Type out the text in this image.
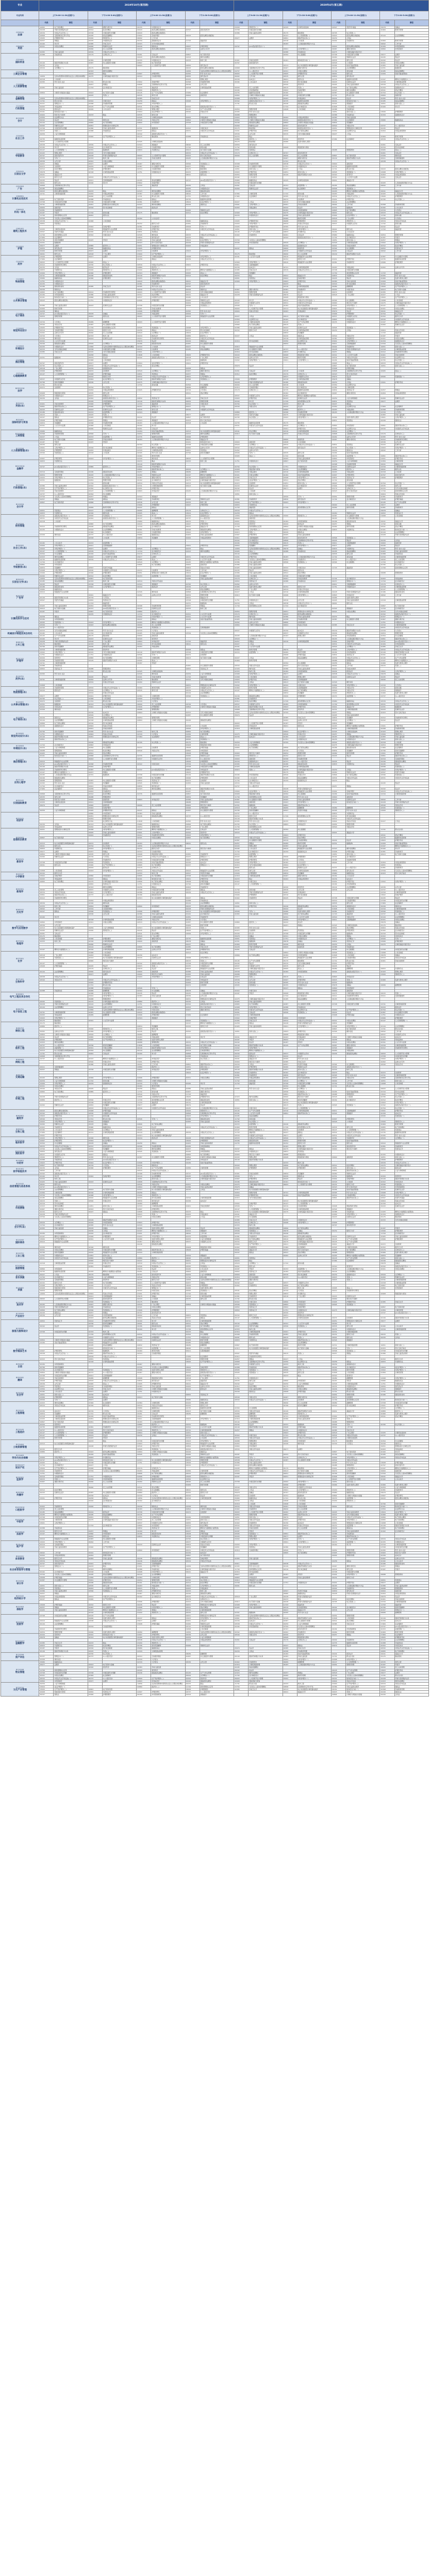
专业	2019年10月(第四期)								2020年4月(第五期)							
专业代码	上午9:00-11:30(星期六)		下午2:30-5:00(星期六)		上午9:00-11:30(星期日)		下午2:30-5:00(星期日)		上午9:00-11:30(星期六)		下午2:30-5:00(星期六)		上午9:00-11:30(星期日)		下午2:30-5:00(星期日)	
	代码	课程	代码	课程	代码	课程	代码	课程	代码	课程	代码	课程	代码	课程	代码	课程

C030101
法律	00895	电子商务概论	00467	课程与教学论	00155	中级财务会计			03200	预防医学(二)	02325	计算机系统结构	00597	英语写作基础	05678	金融法
	00228	环境与资源保护法学	00312	政治学概论	00043	经济法概论(财经类)	00797	商务英语写作	03708	中国近现代史纲要					00469	教育学原理
	00539	中国古代文学史(二)	03708	中国近现代史纲要	00043	经济法概论(财经类)			00386	学前儿童语言教育	05175	税收筹划	00795	综合英语(二)		
	00898	互联网软件应用与开发	00185	商品流通概论	03002	急救护理学	00043	经济法概论(财经类)			00147	人力资源管理(一)	00043	经济法概论(财经类)	00144	企业管理概论
	03005	护理教育导论	03200	预防医学(二)	06092	工作分析			05677	法理学	00891	国际贸易实务(三)	00230	合同法		
	00257	票据法	00155	中级财务会计	00159	高级财务会计	11743	基础英语			00318	公共政策	00402	学前教育史	00469	教育学原理

C050201
英语	00160	审计学	00385	学前卫生学	00315	当代中国政治制度					06183	人员素质测评理论与方法			06092	工作分析
	00321	中国文化概论	00260	刑事诉讼法学	00249	国际私法	02997	护理学研究	04747	Java语言程序设计(一)			00043	经济法概论(财经类)	00184	市场营销策划
			06090	员工关系管理	00043	经济法概论(财经类)	00262	法律文书写作			03001	儿科护理学(二)	00467	课程与教学论	00890	市场营销学
	00383	学前儿童发展	00539	中国古代文学史(二)							00388	学前游戏论	02275	计算机基础与程序设计		

C020401
国际贸易	00388	学前游戏论	03179	生物化学(三)	00261	行政法学	00897	电子商务英语			00394	幼儿园课程	03708	中国近现代史纲要	05677	法理学
					00043	经济法概论(财经类)	02323	操作系统概论					00260	刑事诉讼法学	00245	刑法学
			02384	计算机原理	00155	中级财务会计	02333	软件工程	00401	学前比较教育	00161	财务报表分析(一)	00535	现代汉语	00242	民法学
	00149	国际贸易理论与实务	00387	幼儿园组织与管理	00897	电子商务英语			00797	商务英语写作			00318	公共政策	00321	中国文化概论
	00230	合同法			06093	人力资源开发与管理	00830	现代语言学			02313	电力系统微型计算机继电保护	04184	线性代数(经管类)	00383	学前儿童发展
	00529	文学概论(一)	05175	税收筹划			00043	经济法概论(财经类)	00898	互联网软件应用与开发	00467	课程与教学论	00144	企业管理概论	02331	数据结构

C120201
工商企业管理			02323	操作系统概论			12656	毛泽东思想和中国特色社会主义理论体系概论	04737	C++程序设计	00321	中国文化概论	11742	商务沟通	00185	商品流通概论
			00233	税法	02997	护理学研究	00395	科学·技术·社会	06093	人力资源开发与管理	03005	护理教育导论	06091	组织文化	04184	线性代数(经管类)
	12656	毛泽东思想和中国特色社会主义理论体系概论	02275	计算机基础与程序设计	00319	行政组织理论	00830	现代语言学	06092	工作分析	00535	现代汉语	00830	现代语言学		

C120206
人力资源管理	00318	公共政策					00163	管理心理学	00156	成本会计	06091	组织文化	04735	数据库系统原理	02197	概率论与数理统计(二)
	00395	科学·技术·社会	11741	跨文化交际	03002	急救护理学	00398	学前教育原理	00182	公共关系学	00316	西方政治制度	00243	民事诉讼法学	02318	计算机组成原理
			00257	票据法	00898	互联网软件应用与开发	00536	古代汉语			00320	领导科学	00405	学前儿童家庭教育	00539	中国古代文学史(二)
	00383	学前儿童发展	11744	会计制度设计	11743	基础英语	02318	计算机组成原理	06090	员工关系管理	00015	英语(二)	00896	电子商务法概论	00159	高级财务会计
					03200	预防医学(二)			00184	市场营销策划	03002	急救护理学	02323	操作系统概论	00541	语言学概论
	00894	计算机与网络技术基础	00913	电子商务与金融	00145	生产与作业管理	07484	社会保障学	04735	数据库系统原理	00160	审计学	00387	幼儿园组织与管理	00794	综合英语(一)

B020106
金融管理			00015	英语(二)	00535	现代汉语	00600	高级英语	00894	计算机与网络技术基础	03708	中国近现代史纲要	11741	跨文化交际	00600	高级英语
	12656	毛泽东思想和中国特色社会主义理论体系概论			00385	学前卫生学			02998	内科护理学(二)	00263	外国法制史	00242	民法学	00395	科学·技术·社会
	11741	跨文化交际	00322	中国行政史	00258	保险法	02998	内科护理学(二)	00342	高级语言程序设计(一)	04735	数据库系统原理	00161	财务报表分析(一)	00185	商品流通概论

C120207
行政管理	00157	管理会计(一)	00398	学前教育原理	02999	外科护理学(二)			11741	跨文化交际	00246	国际经济法概论	02324	离散数学	10051	商务交流(二)
	00263	外国法制史	00145	生产与作业管理	00541	语言学概论	00342	高级语言程序设计(一)			11744	会计制度设计	01848	公务员制度	00160	审计学
	00244	经济法学	00182	公共关系学	00163	管理心理学	00145	生产与作业管理	00054	管理学原理	01848	公务员制度	00388	学前游戏论		
	00161	财务报表分析(一)			03004	社区护理学(一)	00540	外国文学史	00395	科学·技术·社会			10051	商务交流(二)	03006	护理管理学

B120203
会计	00900	网页设计与制作	00233	税法	00535	现代汉语			06088	管理思想史			00388	学前游戏论	00159	高级财务会计
	03350	社会研究方法			02325	计算机系统结构	00263	外国法制史	03003	护理学导论	00264	中国法律思想史	00383	学前儿童发展		
	00242	民法学	06091	组织文化	00540	外国文学史	00894	计算机与网络技术基础	00894	计算机与网络技术基础	00342	高级语言程序设计(一)	07484	社会保障学	05680	婚姻家庭法
	00144	企业管理概论	00895	电子商务概论	00890	市场营销学	03708	中国近现代史纲要	00246	国际经济法概论	00894	计算机与网络技术基础	00834	英语翻译		
	00260	刑事诉讼法学	00051	管理系统中计算机应用					00260	刑事诉讼法学	00797	商务英语写作	00540	外国文学史	04737	C++程序设计

C030301
社会工作	03708	中国近现代史纲要	00386	学前儿童语言教育	02331	数据结构	00322	中国行政史	05175	税收筹划	00342	高级语言程序设计(一)	00051	管理系统中计算机应用	00245	刑法学
	00015	英语(二)	00388	学前游戏论	00247	国际法	00531	中国当代文学作品选	03201	护理学导论	00896	电子商务法概论	03350	社会研究方法	00264	中国法律思想史
	00259	公证与律师制度			00342	高级语言程序设计(一)			00536	古代汉语	00315	当代中国政治制度	00227	公司法		
			03000	妇产科护理学(二)	05175	税收筹划	00388	学前游戏论	00233	税法					00469	教育学原理
	04735	数据库系统原理							00889	经济学(二)	00320	领导科学	07484	社会保障学	00539	中国古代文学史(二)
	06093	人力资源开发与管理			02325	计算机系统结构			05175	税收筹划	00466	发展与教育心理学				
	00538	中国古代文学史(一)	00539	中国古代文学史(二)	02324	离散数学	06090	员工关系管理	00830	现代语言学					00261	行政法学
	00160	审计学	00162	会计制度设计	00319	行政组织理论	11742	商务沟通	11742	商务沟通	00908	网络营销与策划			00316	西方政治制度

C040104
学前教育	00147	人力资源管理(一)	02331	数据结构	00833	外语教学法	00913	电子商务与金融	00831	英语语法			06088	管理思想史	00995	商法(二)
	00163	管理心理学	00315	当代中国政治制度			00532	中国古代文学作品选(一)	03179	生物化学(三)	00797	商务英语写作			00261	行政法学
	00797	商务英语写作	00228	环境与资源保护法学	06093	人力资源开发与管理	00323	西方行政学说史	06090	员工关系管理	06090	员工关系管理	00897	电子商务英语	02326	操作系统
	00506	写作(一)	02333	软件工程	00401	学前比较教育	06183	人员素质测评理论与方法			00467	课程与教学论	00149	国际贸易理论与实务	00911	互联网数据库
	00536	古代汉语	00321	中国文化概论							11741	跨文化交际			00538	中国古代文学史(一)

C050101
汉语言文学	00257	票据法	05677	法理学	00467	课程与教学论	00596	英语阅读(二)	00398	学前教育原理	00538	中国古代文学史(一)	00600	高级英语		
	00472	比较教育	00259	公证与律师制度	00387	幼儿园组织与管理	00257	票据法	00387	幼儿园组织与管理	11751	中级财务会计	04735	数据库系统原理		
	00312	政治学概论	02996	护理伦理学	00319	行政组织理论	05175	税收筹划	10051	商务交流(二)	00227	公司法	11741	跨文化交际	00043	经济法概论(财经类)
	05678	金融法	02318	计算机组成原理	11751	中级财务会计	00153	质量管理(一)	03003	护理学导论	10051	商务交流(二)	00595	英语阅读(一)	02998	内科护理学(二)
	00041	基础会计学					06091	组织文化	00054	管理学原理	00149	国际贸易理论与实务	00320	领导科学	00264	中国法律思想史
	00152	组织行为学	00533	中国古代文学作品选(二)					00182	公共关系学			00341	公文写作与处理	00261	行政法学
	00245	刑法学	00911	互联网数据库	00185	商品流通概论	04747	Java语言程序设计(一)	05680	婚姻家庭法	02325	计算机系统结构	00041	基础会计学		
	06091	组织文化	00160	审计学	03002	急救护理学			03708	中国近现代史纲要					06183	人员素质测评理论与方法

C050303
广告	00898	互联网软件应用与开发			11743	基础英语	00230	合同法	00261	行政法学	00153	质量管理(一)	00185	商品流通概论	06092	工作分析
	00185	商品流通概论					00155	中级财务会计	00260	刑事诉讼法学	07484	社会保障学	00596	英语阅读(二)		
	00043	经济法概论(财经类)	00233	税法	02323	操作系统概论	00186	国际商务谈判					04183	概率论与数理统计(经管类)	00041	基础会计学

C080901
计算机应用技术	04741	计算机网络原理	00264	中国法律思想史	00387	幼儿园组织与管理	06092	工作分析	02384	计算机原理	11742	商务沟通	00263	外国法制史	06183	人员素质测评理论与方法
			06090	员工关系管理	11741	跨文化交际	11751	中级财务会计	07484	社会保障学	00395	科学·技术·社会	00539	中国古代文学史(二)	03006	护理管理学
	00897	电子商务英语	00388	学前游戏论	00247	国际法	04735	数据库系统原理			00472	比较教育	03201	护理学导论	00795	综合英语(二)
	03708	中国近现代史纲要	03708	中国近现代史纲要	00381	学前教育学	03004	社区护理学(一)	00227	公司法	00315	当代中国政治制度	00144	企业管理概论		

C080202
机电一体化	04741	计算机网络原理	00051	管理系统中计算机应用	02323	操作系统概论	00249	国际私法	03001	儿科护理学(二)	00401	学前比较教育	06092	工作分析	00398	学前教育原理
	00600	高级英语	00316	西方政治制度	00244	经济法学			00263	外国法制史	00242	民法学	02331	数据结构	00182	公共关系学
	00381	学前教育学					00260	刑事诉讼法学			00184	市场营销策划	00895	电子商务概论	04729	大学语文
	00187	零售学	11742	商务沟通	05175	税收筹划	00312	政治学概论	02999	外科护理学(二)	02275	计算机基础与程序设计	06091	组织文化	00533	中国古代文学作品选(二)
	11749	商务管理综合应用	06091	组织文化					00155	中级财务会计	00386	学前儿童语言教育	03004	社区护理学(一)	11742	商务沟通
	03709	马克思主义基本原理概论			00182	公共关系学					00469	教育学原理	00518	广告心理学	04729	大学语文

C081001
建筑工程技术	00538	中国古代文学史(一)	01848	公务员制度			05680	婚姻家庭法	03005	护理教育导论	06088	管理思想史	03200	预防医学(二)	00534	外国文学作品选
	00831	英语语法			00152	组织行为学	00381	学前教育学	03203	外科护理学(一)	00534	外国文学作品选	00537	中国现代文学史	11742	商务沟通
			03002	急救护理学	00381	学前教育学	00506	写作(一)	03005	护理教育导论	00395	科学·技术·社会			00242	民法学
	02325	计算机系统结构	00910	网络经济与企业管理	03201	护理学导论	00531	中国当代文学作品选	10051	商务交流(二)	03202	内科护理学(一)	06091	组织文化	11743	基础英语
	00597	英语写作基础	00395	科学·技术·社会	00831	英语语法			00145	生产与作业管理	00833	外语教学法	00182	公共关系学		
	11749	商务管理综合应用	00322	中国行政史	02326	操作系统	00533	中国古代文学作品选(二)	00402	学前教育史	00261	行政法学	05680	婚姻家庭法	00054	管理学原理
	07484	社会保障学			00830	现代语言学	00233	税法			00342	高级语言程序设计(一)	11744	会计制度设计	00187	零售学
	00796	商务英语翻译	00187	零售学	00383	学前儿童发展	03004	社区护理学(一)	03709	马克思主义基本原理概论			10051	商务交流(二)	00257	票据法

C100501
护理	02331	数据结构			00323	西方行政学说史	00228	环境与资源保护法学	00184	市场营销策划	00529	文学概论(一)	02318	计算机组成原理	03202	内科护理学(一)
	05677	法理学	00889	经济学(二)	00051	管理系统中计算机应用	00263	外国法制史			00159	高级财务会计	00401	学前比较教育	00312	政治学概论
	00830	现代语言学	05680	婚姻家庭法	03005	护理教育导论			00247	国际法	00600	高级英语	00394	幼儿园课程	00832	英语词汇学
	00469	教育学原理	05677	法理学	00472	比较教育	03203	外科护理学(一)			00530	中国现代文学作品选	00261	行政法学	06092	工作分析
	06091	组织文化	00518	广告心理学	03000	妇产科护理学(二)			05175	税收筹划	06090	员工关系管理	00149	国际贸易理论与实务		

C100701
药学	03006	护理管理学	05677	法理学	02325	计算机系统结构	02998	内科护理学(二)	00341	公文写作与处理	00910	网络经济与企业管理			00387	幼儿园组织与管理
	07484	社会保障学			00258	保险法	00539	中国古代文学史(二)			00152	组织行为学	03201	护理学导论	04735	数据库系统原理
	06093	人力资源开发与管理	00995	商法(二)					02999	外科护理学(二)	00910	网络经济与企业管理	00381	学前教育学	02996	护理伦理学
	00412	学前教育科学研究	00795	综合英语(二)	00539	中国古代文学史(二)	03201	护理学导论	00911	互联网数据库						
	00230	合同法	00244	经济法学	00889	经济学(二)			00156	成本会计	04741	计算机网络原理	00263	外国法制史	00262	法律文书写作
	00833	外语教学法	03200	预防医学(二)	03200	预防医学(二)	02197	概率论与数理统计(二)	00385	学前卫生学	00539	中国古代文学史(二)	03708	中国近现代史纲要		

C120601
物流管理	02999	外科护理学(二)	02996	护理伦理学	02324	离散数学	00995	商法(二)	00834	英语翻译			11749	商务管理综合应用	11743	基础英语
	04741	计算机网络原理	00186	国际商务谈判	00149	国际贸易理论与实务	00312	政治学概论	00233	税法	00041	基础会计学	00833	外语教学法	00395	科学·技术·社会
	05680	婚姻家庭法	02996	护理伦理学	03203	外科护理学(一)			00831	英语语法	03002	急救护理学	00245	刑法学	00466	发展与教育心理学
	11751	中级财务会计			00043	经济法概论(财经类)	00041	基础会计学	02999	外科护理学(二)	03003	护理学导论	00383	学前儿童发展	04184	线性代数(经管类)
	00155	中级财务会计			00381	学前教育学	00797	商务英语写作			00233	税法	00316	西方政治制度	00342	高级语言程序设计(一)
	00186	国际商务谈判	00385	学前卫生学	00395	科学·技术·社会	00242	民法学			02316	计算机网络原理	06089	薪酬管理	03000	妇产科护理学(二)
	00249	国际私法			00539	中国古代文学史(二)	00249	国际私法	00467	课程与教学论	00381	学前教育学	00322	中国行政史	00913	电子商务与金融

C120402
公共事业管理	00895	电子商务概论	00412	学前教育科学研究	06093	人力资源开发与管理	00315	当代中国政治制度	00054	管理学原理	00160	审计学	00472	比较教育	00395	科学·技术·社会
	00184	市场营销策划	00386	学前儿童语言教育	00312	政治学概论	00041	基础会计学	00228	环境与资源保护法学	05679	宪法学	00518	广告心理学	00227	公司法
	00161	财务报表分析(一)	00898	互联网软件应用与开发	00537	中国现代文学史	00182	公共关系学			00908	网络营销与策划			03000	妇产科护理学(二)
	00043	经济法概论(财经类)	11751	中级财务会计	02996	护理伦理学	00260	刑事诉讼法学	00160	审计学	00532	中国古代文学作品选(一)	00394	幼儿园课程	01848	公务员制度
							00264	中国法律思想史	00537	中国现代文学史	00531	中国当代文学作品选	00900	网页设计与制作	02275	计算机基础与程序设计
	00386	学前儿童语言教育	00243	民事诉讼法学	03708	中国近现代史纲要	00596	英语阅读(二)	00506	写作(一)	04184	线性代数(经管类)	03202	内科护理学(一)	00147	人力资源管理(一)
	00469	教育学原理			00401	学前比较教育			06093	人力资源开发与管理	02313	电力系统微型计算机继电保护	00893	市场信息学	00321	中国文化概论

C120801
电子商务	00258	保险法			02996	护理伦理学	00395	科学·技术·社会	00604	英美文学选读	00263	外国法制史	05679	宪法学	00041	基础会计学
	04747	Java语言程序设计(一)	05678	金融法	00263	外国法制史	00506	写作(一)					03006	护理管理学	00794	综合英语(一)
	00054	管理学原理	06091	组织文化	06093	人力资源开发与管理	00910	网络经济与企业管理	00227	公司法	00913	电子商务与金融	00537	中国现代文学史	00152	组织行为学
									03350	社会研究方法	00162	会计制度设计	00893	市场信息学	00530	中国现代文学作品选

C130502
视觉传达设计	04729	大学语文	06089	薪酬管理	06093	人力资源开发与管理			02325	计算机系统结构	00145	生产与作业管理	00155	中级财务会计	02197	概率论与数理统计(二)
	00540	外国文学史	00387	幼儿园组织与管理					00896	电子商务法概论	00015	英语(二)			00260	刑事诉讼法学
	03005	护理教育导论	11749	商务管理综合应用	00595	英语阅读(一)	02998	内科护理学(二)	00386	学前儿童语言教育	00243	民事诉讼法学	00595	英语阅读(一)		
	00319	行政组织理论	00152	组织行为学	00258	保险法	00316	西方政治制度	00152	组织行为学	02318	计算机组成原理	00230	合同法	00604	英美文学选读
	00262	法律文书写作	06090	员工关系管理	00529	文学概论(一)	03004	社区护理学(一)			00834	英语翻译			11743	基础英语
	04729	大学语文	02333	软件工程	00244	经济法学	00889	经济学(二)	00227	公司法	00249	国际私法	00540	外国文学史	00187	零售学
	02326	操作系统	00243	民事诉讼法学	00412	学前教育科学研究	00531	中国当代文学作品选			02318	计算机组成原理	00381	学前教育学	00321	中国文化概论

C130503
环境设计	00341	公文写作与处理			05679	宪法学	00249	国际私法	00316	西方政治制度	03350	社会研究方法	03001	儿科护理学(二)	00159	高级财务会计
	00246	国际经济法概论	00529	文学概论(一)	00186	国际商务谈判	00387	幼儿园组织与管理			00054	管理学原理	00911	互联网数据库	03709	马克思主义基本原理概论
	00155	中级财务会计	12656	毛泽东思想和中国特色社会主义理论体系概论	00318	公共政策	00227	公司法	00910	网络经济与企业管理			00402	学前教育史	10051	商务交流(二)
	00315	当代中国政治制度	03708	中国近现代史纲要	00472	比较教育	00185	商品流通概论	00387	幼儿园组织与管理	04737	C++程序设计	00228	环境与资源保护法学	02318	计算机组成原理
	00385	学前卫生学	00315	当代中国政治制度	03001	儿科护理学(二)			00316	西方政治制度	00833	外语教学法	00257	票据法	00412	学前教育科学研究
			00258	保险法	01848	公务员制度	03005	护理教育导论	00043	经济法概论(财经类)	00908	网络营销与策划	00341	公文写作与处理	00401	学前比较教育

C120902
酒店管理	02331	数据结构	05679	宪法学	00342	高级语言程序设计(一)	00518	广告心理学	00262	法律文书写作	00469	教育学原理	00534	外国文学作品选	03350	社会研究方法
			01848	公务员制度			02331	数据结构	03202	内科护理学(一)	03001	儿科护理学(二)	04184	线性代数(经管类)	00795	综合英语(二)
	00797	商务英语写作	05677	法理学	03004	社区护理学(一)	03201	护理学导论					00995	商法(二)	00533	中国古代文学作品选(二)
	00795	综合英语(二)	00532	中国古代文学作品选(一)	00541	语言学概论			05679	宪法学			00897	电子商务英语	10051	商务交流(二)

C071201
心理健康教育	00518	广告心理学	00159	高级财务会计			00258	保险法					03008	护理学基础		
	02996	护理伦理学	00472	比较教育	00529	文学概论(一)	00467	课程与教学论	00261	行政法学	00318	公共政策	00898	互联网软件应用与开发	00995	商法(二)
	00147	人力资源管理(一)	03008	护理学基础	00831	英语语法	00257	票据法	00312	政治学概论	03179	生物化学(三)	00323	西方行政学说史		
			00152	组织行为学	00532	中国古代文学作品选(一)	03001	儿科护理学(二)			00537	中国现代文学史	05679	宪法学	00595	英语阅读(一)
	00537	中国现代文学史	03004	社区护理学(一)	00149	国际贸易理论与实务	00596	英语阅读(二)	03006	护理管理学	02318	计算机组成原理	05678	金融法		
	00796	商务英语翻译	00536	古代汉语	02275	计算机基础与程序设计			00228	环境与资源保护法学	00186	国际商务谈判	00230	合同法	03201	护理学导论

B030101K
法学	11741	跨文化交际			11742	商务沟通	00394	幼儿园课程	06090	员工关系管理	00318	公共政策	03350	社会研究方法		
	00472	比较教育	00794	综合英语(一)			06089	薪酬管理	00319	行政组织理论	11744	会计制度设计	02384	计算机原理		
			00264	中国法律思想史	03005	护理教育导论	04729	大学语文	03179	生物化学(三)	04735	数据库系统原理	00832	英语词汇学	00257	票据法
	00908	网络营销与策划	00535	现代汉语			00541	语言学概论			00162	会计制度设计	00467	课程与教学论	00264	中国法律思想史
	00155	中级财务会计	00157	管理会计(一)					00537	中国现代文学史	04183	概率论与数理统计(经管类)				

B050201
英语(本)	00230	合同法	00342	高级语言程序设计(一)	00832	英语词汇学	00385	学前卫生学	03003	护理学导论	00243	民事诉讼法学	00259	公证与律师制度	00260	刑事诉讼法学
			00184	市场营销策划	00149	国际贸易理论与实务	00054	管理学原理	00160	审计学	11749	商务管理综合应用	00831	英语语法	05677	法理学
	00401	学前比较教育	03006	护理管理学	11743	基础英语	00322	中国行政史	00794	综合英语(一)	02333	软件工程	00247	国际法		
	00891	国际贸易实务(三)	03000	妇产科护理学(二)	00157	管理会计(一)	00227	公司法	00540	外国文学史	00242	民法学	03350	社会研究方法	07484	社会保障学
	00243	民事诉讼法学	00243	民事诉讼法学	00535	现代汉语	00530	中国现代文学作品选			00889	经济学(二)	00263	外国法制史	00398	学前教育原理
	00186	国际商务谈判	00153	质量管理(一)	02324	离散数学			00889	经济学(二)	00398	学前教育原理	06183	人员素质测评理论与方法	04729	大学语文

B020401
国际经济与贸易	00015	英语(二)	00015	英语(二)			05677	法理学	00597	英语写作基础	02275	计算机基础与程序设计			00383	学前儿童发展
	00247	国际法	03005	护理教育导论	00242	民法学	00897	电子商务英语	00795	综合英语(二)	03202	内科护理学(一)	00466	发展与教育心理学	03001	儿科护理学(二)
	03008	护理学基础	00257	票据法	02324	离散数学	00323	西方行政学说史					00831	英语语法	00249	国际私法
	00834	英语翻译	00398	学前教育原理	06183	人员素质测评理论与方法	00318	公共政策	04735	数据库系统原理	05175	税收筹划				
	00341	公文写作与处理	01848	公务员制度	00160	审计学			00531	中国当代文学作品选	00529	文学概论(一)	00890	市场营销学	00891	国际贸易实务(三)
			00260	刑事诉讼法学	00261	行政法学					03201	护理学导论	03350	社会研究方法	00530	中国现代文学作品选

B120201K
工商管理	05680	婚姻家庭法			04184	线性代数(经管类)	02313	电力系统微型计算机继电保护	00541	语言学概论	02316	计算机网络原理	00529	文学概论(一)		
	00398	学前教育原理	00506	写作(一)	00054	管理学原理	02323	操作系统概论	00913	电子商务与金融	00534	外国文学作品选	00898	互联网软件应用与开发	03179	生物化学(三)
	00227	公司法	00153	质量管理(一)	04735	数据库系统原理	02996	护理伦理学					00262	法律文书写作	00395	科学·技术·社会
	00913	电子商务与金融	00401	学前比较教育	06183	人员素质测评理论与方法	00041	基础会计学			00600	高级英语	00467	课程与教学论	00412	学前教育科学研究

B120206
人力资源管理(本)	00187	零售学	00187	零售学			00161	财务报表分析(一)	00600	高级英语	01848	公务员制度			00536	古代汉语
	00535	现代汉语			00794	综合英语(一)	03708	中国近现代史纲要	00529	文学概论(一)	00532	中国古代文学作品选(一)	00831	英语语法	00243	民事诉讼法学
	03001	儿科护理学(二)	00316	西方政治制度	02197	概率论与数理统计(二)	00262	法律文书写作	00532	中国古代文学作品选(一)	00830	现代语言学	00794	综合英语(一)	03203	外科护理学(一)
	03006	护理管理学	00263	外国法制史	02318	计算机组成原理	00831	英语语法	00262	法律文书写作			00249	国际私法	06092	工作分析
	00596	英语阅读(二)	00318	公共政策	00395	科学·技术·社会	00796	商务英语翻译	00506	写作(一)	00535	现代汉语	04184	线性代数(经管类)		
					00469	教育学原理			00995	商法(二)	11742	商务沟通	00153	质量管理(一)	00891	国际贸易实务(三)
	02997	护理学研究	03203	外科护理学(一)	02326	操作系统	06093	人力资源开发与管理			00405	学前儿童家庭教育	00890	市场营销学	03201	护理学导论

B020301K
金融学	00833	外语教学法			00233	税法	02333	软件工程	11751	中级财务会计	00897	电子商务英语	00259	公证与律师制度	02384	计算机原理
					00149	国际贸易理论与实务							00398	学前教育原理	00041	基础会计学
	04747	Java语言程序设计(一)	00889	经济学(二)	02999	外科护理学(二)			00794	综合英语(一)	11751	中级财务会计	00243	民事诉讼法学	02316	计算机网络原理
					00891	国际贸易实务(三)	00529	文学概论(一)	00908	网络营销与策划	00144	企业管理概论	00889	经济学(二)	06091	组织文化
	00319	行政组织理论	00186	国际商务谈判	00257	票据法	06089	薪酬管理	00263	外国法制史	02316	计算机网络原理	00263	外国法制史	00318	公共政策
	00054	管理学原理	06183	人员素质测评理论与方法	00260	刑事诉讼法学	02197	概率论与数理统计(二)	00321	中国文化概论	04184	线性代数(经管类)	02997	护理学研究	00797	商务英语写作

B120402
行政管理(本)	03203	外科护理学(一)	00795	综合英语(二)	00467	课程与教学论	04735	数据库系统原理	00385	学前卫生学	02998	内科护理学(二)	00832	英语词汇学	03006	护理管理学
	02331	数据结构	00054	管理学原理	00162	会计制度设计	02275	计算机基础与程序设计	03004	社区护理学(一)	00541	语言学概论	11742	商务沟通		
			11742	商务沟通	00534	外国文学作品选	02313	电力系统微型计算机继电保护	00472	比较教育	10051	商务交流(二)	06093	人力资源开发与管理	00794	综合英语(一)
	00386	学前儿童语言教育	00342	高级语言程序设计(一)	04741	计算机网络原理	00913	电子商务与金融	00243	民事诉讼法学	00162	会计制度设计	03006	护理管理学	00535	现代汉语
	03000	妇产科护理学(二)	03350	社会研究方法	03201	护理学导论			00242	民法学	05677	法理学	03179	生物化学(三)	00315	当代中国政治制度
	00401	学前比较教育	00147	人力资源管理(一)	00893	市场信息学	06183	人员素质测评理论与方法	00318	公共政策			00323	西方行政学说史	11749	商务管理综合应用
	04737	C++程序设计	00394	幼儿园课程					10051	商务交流(二)					00604	英美文学选读
	03709	马克思主义基本原理概论	00257	票据法	02324	离散数学					00506	写作(一)	00054	管理学原理	00381	学前教育学

B120204
会计学	00257	票据法	00258	保险法	00402	学前教育史	00260	刑事诉讼法学	00381	学前教育学	00830	现代语言学	11744	会计制度设计	03008	护理学基础
	00897	电子商务英语	00898	互联网软件应用与开发	00536	古代汉语	02333	软件工程	03000	妇产科护理学(二)	03203	外科护理学(一)			00145	生产与作业管理
					03006	护理管理学	02997	护理学研究	00833	外语教学法			06090	员工关系管理	05677	法理学
			00469	教育学原理	00247	国际法			11743	基础英语	11749	商务管理综合应用	00469	教育学原理	00381	学前教育学
	00831	英语语法	00147	人力资源管理(一)	06089	薪酬管理	03179	生物化学(三)	00539	中国古代文学史(二)					05678	金融法
	00833	外语教学法	02326	操作系统	00995	商法(二)	03004	社区护理学(一)	00258	保险法			00260	刑事诉讼法学	00832	英语词汇学

B120204
财务管理	00342	高级语言程序设计(一)	00595	英语阅读(一)	00160	审计学	00159	高级财务会计	12656	毛泽东思想和中国特色社会主义理论体系概论	03200	预防医学(二)	00387	幼儿园组织与管理	01848	公务员制度
	00531	中国当代文学作品选	00342	高级语言程序设计(一)	00147	人力资源管理(一)	04737	C++程序设计	00600	高级英语			06183	人员素质测评理论与方法		
	00318	公共政策			05680	婚姻家庭法	00015	英语(二)	00831	英语语法	00184	市场营销策划	00186	国际商务谈判	00041	基础会计学
			00895	电子商务概论	00043	经济法概论(财经类)	02997	护理学研究	00320	领导科学	00244	经济法学	00257	票据法	11742	商务沟通
	00412	学前教育科学研究	00246	国际经济法概论	11744	会计制度设计	00041	基础会计学	11749	商务管理综合应用	00894	计算机与网络技术基础	00469	教育学原理	00541	语言学概论
	00155	中级财务会计	00144	企业管理概论	00401	学前比较教育	00246	国际经济法概论	03001	儿科护理学(二)	00321	中国文化概论	00833	外语教学法	00161	财务报表分析(一)
			07484	社会保障学	00319	行政组织理论	03202	内科护理学(一)	00015	英语(二)	00249	国际私法			00144	企业管理概论
	02326	操作系统	04737	C++程序设计	05680	婚姻家庭法	00405	学前儿童家庭教育	02997	护理学研究	00405	学前儿童家庭教育			00228	环境与资源保护法学

B030302
社会工作(本)			00318	公共政策	00834	英语翻译	00264	中国法律思想史	00911	互联网数据库	00797	商务英语写作	00596	英语阅读(二)		
									00162	会计制度设计	00898	互联网软件应用与开发	00245	刑法学	00230	合同法
	00182	公共关系学	00153	质量管理(一)					00184	市场营销策划	00015	英语(二)	00911	互联网数据库	00600	高级英语
	02999	外科护理学(二)	00911	互联网数据库			03201	护理学导论	00834	英语翻译	03203	外科护理学(一)	05677	法理学	00245	刑法学
	03203	外科护理学(一)	05677	法理学	00529	文学概论(一)	00233	税法	12656	毛泽东思想和中国特色社会主义理论体系概论	05678	金融法	00833	外语教学法	00395	科学·技术·社会
	00147	人力资源管理(一)	00539	中国古代文学史(二)	11744	会计制度设计	02323	操作系统概论	00995	商法(二)	00388	学前游戏论	00185	商品流通概论	00405	学前儿童家庭教育
	00394	幼儿园课程	04184	线性代数(经管类)	03179	生物化学(三)			00144	企业管理概论			00535	现代汉语	00388	学前游戏论
	02323	操作系统概论	06093	人力资源开发与管理	05677	法理学	00531	中国当代文学作品选	03201	护理学导论	06183	人员素质测评理论与方法	11742	商务沟通	02316	计算机网络原理

B040106
学前教育(本)	04735	数据库系统原理	00539	中国古代文学史(二)	00995	商法(二)	00341	公文写作与处理	03709	马克思主义基本原理概论	00402	学前教育史	04737	C++程序设计	06090	员工关系管理
	11744	会计制度设计			00529	文学概论(一)	04183	概率论与数理统计(经管类)	00386	学前儿童语言教育	00596	英语阅读(二)	00394	幼儿园课程	11744	会计制度设计
	00890	市场营销学			00895	电子商务概论	00600	高级英语	00386	学前儿童语言教育					00795	综合英语(二)
	00834	英语翻译	00597	英语写作基础			00604	英美文学选读	00405	学前儿童家庭教育	00322	中国行政史	11743	基础英语	11749	商务管理综合应用
	02998	内科护理学(二)	00530	中国现代文学作品选	00472	比较教育	06092	工作分析	00245	刑法学	06091	组织文化				
	02996	护理伦理学	02996	护理伦理学	00051	管理系统中计算机应用	03004	社区护理学(一)	00386	学前儿童语言教育	00541	语言学概论			06088	管理思想史

B050101
汉语言文学(本)	00260	刑事诉讼法学	00312	政治学概论	00153	质量管理(一)	00834	英语翻译	01848	公务员制度	03708	中国近现代史纲要				
	12656	毛泽东思想和中国特色社会主义理论体系概论	00897	电子商务英语			00386	学前儿童语言教育	03179	生物化学(三)	00401	学前比较教育	11744	会计制度设计	00263	外国法制史
	00185	商品流通概论	02333	软件工程	00534	外国文学作品选			00832	英语词汇学	00388	学前游戏论	00157	管理会计(一)	11744	会计制度设计
	00245	刑法学	03708	中国近现代史纲要	02324	离散数学	00795	综合英语(二)	00262	法律文书写作			00911	互联网数据库	03179	生物化学(三)
	00186	国际商务谈判	03001	儿科护理学(二)	00244	经济法学	00536	古代汉语	00466	发展与教育心理学	00152	组织行为学	11751	中级财务会计	02318	计算机组成原理

B050303
广告学	05680	婚姻家庭法					00185	商品流通概论	00518	广告心理学	00534	外国文学作品选			00147	人力资源管理(一)
	00910	网络经济与企业管理			02326	操作系统	00898	互联网软件应用与开发	00227	公司法	02316	计算机网络原理	00228	环境与资源保护法学	00186	国际商务谈判
			00041	基础会计学	00262	法律文书写作	00054	管理学原理	00913	电子商务与金融	02998	内科护理学(二)	00893	市场信息学	06092	工作分析
	00149	国际贸易理论与实务	04729	大学语文			00041	基础会计学					00466	发展与教育心理学		
	00597	英语写作基础	00832	英语词汇学			03708	中国近现代史纲要	11751	中级财务会计	00536	古代汉语	00405	学前儿童家庭教育	02318	计算机组成原理
			11743	基础英语			02331	数据结构	00230	合同法	00538	中国古代文学史(一)	06091	组织文化		
	00405	学前儿童家庭教育	00054	管理学原理	00398	学前教育原理	00257	票据法	11749	商务管理综合应用	11744	会计制度设计			00897	电子商务英语

B080901
计算机科学与技术	00913	电子商务与金融	04747	Java语言程序设计(一)	00243	民事诉讼法学	02333	软件工程					02324	离散数学	11744	会计制度设计
	00187	零售学	00897	电子商务英语	00889	经济学(二)			00054	管理学原理	00051	管理系统中计算机应用	00321	中国文化概论	00315	当代中国政治制度
			00155	中级财务会计	11744	会计制度设计	00341	公文写作与处理	03179	生物化学(三)	00043	经济法概论(财经类)			00342	高级语言程序设计(一)
	00258	保险法			03202	内科护理学(一)	00341	公文写作与处理	02326	操作系统	00386	学前儿童语言教育	00233	税法	00157	管理会计(一)
	00184	市场营销策划			00247	国际法	04184	线性代数(经管类)	00405	学前儿童家庭教育	00398	学前教育原理	00387	幼儿园组织与管理	00467	课程与教学论
	00595	英语阅读(一)	03203	外科护理学(一)	04183	概率论与数理统计(经管类)			00262	法律文书写作	00890	市场营销学			11751	中级财务会计
	00506	写作(一)	00043	经济法概论(财经类)	06090	员工关系管理			00894	计算机与网络技术基础	00604	英美文学选读	00385	学前卫生学	02316	计算机网络原理
	04737	C++程序设计			00596	英语阅读(二)	00911	互联网数据库							00531	中国当代文学作品选

B080202
机械设计制造及其自动化	00315	当代中国政治制度	00395	科学·技术·社会	04729	大学语文			00537	中国现代文学史	00156	成本会计	00149	国际贸易理论与实务	04729	大学语文
	00182	公共关系学	11744	会计制度设计	00405	学前儿童家庭教育	03709	马克思主义基本原理概论			00537	中国现代文学史	00246	国际经济法概论	00054	管理学原理
	00145	生产与作业管理	05175	税收筹划	00600	高级英语			06183	人员素质测评理论与方法	00163	管理心理学	00184	市场营销策划	00394	幼儿园课程

B081001
土木工程	00160	审计学	00243	民事诉讼法学	00320	领导科学			00529	文学概论(一)			06183	人员素质测评理论与方法	00891	国际贸易实务(三)
	00228	环境与资源保护法学	00518	广告心理学	00893	市场信息学	11743	基础英语	00257	票据法	02316	计算机网络原理	03002	急救护理学	04747	Java语言程序设计(一)
	05175	税收筹划	02333	软件工程	00316	西方政治制度	06091	组织文化	00227	公司法			00531	中国当代文学作品选	00184	市场营销策划
	00796	商务英语翻译	00246	国际经济法概论	00263	外国法制史			00341	公文写作与处理			00529	文学概论(一)	00385	学前卫生学
	02316	计算机网络原理	00320	领导科学			00258	保险法	00469	教育学原理	05679	宪法学	03001	儿科护理学(二)	00532	中国古代文学作品选(一)

B101101
护理学	03202	内科护理学(一)	00315	当代中国政治制度	00149	国际贸易理论与实务	03708	中国近现代史纲要	00153	质量管理(一)	00469	教育学原理	00184	市场营销策划	00149	国际贸易理论与实务
	11751	中级财务会计	11751	中级财务会计	00506	写作(一)	00472	比较教育			03008	护理学基础	00832	英语词汇学	00341	公文写作与处理
	00320	领导科学	00895	电子商务概论	02384	计算机原理	00913	电子商务与金融	00227	公司法	00185	商品流通概论	00539	中国古代文学史(二)	00145	生产与作业管理
	00398	学前教育原理	00149	国际贸易理论与实务	00995	商法(二)			00469	教育学原理			06088	管理思想史	02197	概率论与数理统计(二)
	04741	计算机网络原理			00187	零售学					00394	幼儿园课程	00258	保险法	00466	发展与教育心理学
	00388	学前游戏论					00387	幼儿园组织与管理	00534	外国文学作品选	00323	西方行政学说史	06092	工作分析	00015	英语(二)
	00832	英语词汇学	06088	管理思想史			00832	英语词汇学	02326	操作系统	00386	学前儿童语言教育	00401	学前比较教育		

B100701
药学(本)			11741	跨文化交际	02325	计算机系统结构			02333	软件工程	00184	市场营销策划	00244	经济法学	03001	儿科护理学(二)
	00395	科学·技术·社会			02326	操作系统	00259	公证与律师制度	02998	内科护理学(二)	05677	法理学	00538	中国古代文学史(一)	05678	金融法
			00245	刑法学	00401	学前比较教育	11743	基础英语	01848	公务员制度	00163	管理心理学	00243	民事诉讼法学	00245	刑法学
	04741	计算机网络原理	00262	法律文书写作	05175	税收筹划	00315	当代中国政治制度	03003	护理学导论	00911	互联网数据库			06090	员工关系管理
			00534	外国文学作品选	00260	刑事诉讼法学			00230	合同法	00913	电子商务与金融	02326	操作系统		
	01848	公务员制度					00051	管理系统中计算机应用	03202	内科护理学(一)	00322	中国行政史	02999	外科护理学(二)	04729	大学语文

B120601
物流管理(本)	00398	学前教育原理	00532	中国古代文学作品选(一)	00469	教育学原理	00537	中国现代文学史	00469	教育学原理	00911	互联网数据库	00540	外国文学史	11742	商务沟通
	00244	经济法学	00529	文学概论(一)	00535	现代汉语	00539	中国古代文学史(二)	02197	概率论与数理统计(二)	00895	电子商务概论	00540	外国文学史	02324	离散数学
			00534	外国文学作品选			00144	企业管理概论			00834	英语翻译	03200	预防医学(二)	00466	发展与教育心理学
	05677	法理学	03201	护理学导论	02384	计算机原理	00596	英语阅读(二)	00246	国际经济法概论	03006	护理管理学	00153	质量管理(一)	04737	C++程序设计

B120401
公共事业管理(本)	00795	综合英语(二)	01848	公务员制度	02999	外科护理学(二)			00381	学前教育学						
	00472	比较教育	11741	跨文化交际	04729	大学语文			00312	政治学概论	11749	商务管理综合应用	05680	婚姻家庭法	00539	中国古代文学史(二)
	02331	数据结构	02313	电力系统微型计算机继电保护	06090	员工关系管理	04729	大学语文	00537	中国现代文学史	00184	市场营销策划	11749	商务管理综合应用	00531	中国当代文学作品选
	00322	中国行政史	03001	儿科护理学(二)	03006	护理管理学	00894	计算机与网络技术基础	00149	国际贸易理论与实务	03003	护理学导论	00041	基础会计学	02331	数据结构
	02326	操作系统			06088	管理思想史			00898	互联网软件应用与开发	00320	领导科学	04741	计算机网络原理	00243	民事诉讼法学

B120801
电子商务(本)			00156	成本会计	00894	计算机与网络技术基础	00315	当代中国政治制度	12656	毛泽东思想和中国特色社会主义理论体系概论	03709	马克思主义基本原理概论	00257	票据法	00323	西方行政学说史
			00529	文学概论(一)			00387	幼儿园组织与管理	05679	宪法学			00405	学前儿童家庭教育		
	00249	国际私法	00246	国际经济法概论	00054	管理学原理					00385	学前卫生学	00834	英语翻译	00412	学前教育科学研究
	00144	企业管理概论	02318	计算机组成原理	00894	计算机与网络技术基础	00246	国际经济法概论			00262	法律文书写作	00529	文学概论(一)	00242	民法学
	00896	电子商务法概论	00316	西方政治制度					06093	人力资源开发与管理	00187	零售学	00834	英语翻译		
	00159	高级财务会计	00604	英美文学选读			00318	公共政策	00893	市场信息学	06091	组织文化	04183	概率论与数理统计(经管类)	03201	护理学导论

B130502
视觉传达设计(本)			00401	学前比较教育			02999	外科护理学(二)	02318	计算机组成原理			04741	计算机网络原理	00398	学前教育原理
	00796	商务英语翻译	00395	科学·技术·社会	02333	软件工程	00895	电子商务概论			03004	社区护理学(一)	02325	计算机系统结构	00163	管理心理学
	11751	中级财务会计	00604	英美文学选读	04729	大学语文	02384	计算机原理	02275	计算机基础与程序设计	00540	外国文学史	00257	票据法	03200	预防医学(二)
	00149	国际贸易理论与实务	00051	管理系统中计算机应用	07484	社会保障学	00995	商法(二)	00156	成本会计	00182	公共关系学	06183	人员素质测评理论与方法	00383	学前儿童发展
	00891	国际贸易实务(三)					00595	英语阅读(一)			11751	中级财务会计	00155	中级财务会计	10051	商务交流(二)
			00246	国际经济法概论	00795	综合英语(二)	05175	税收筹划	00259	公证与律师制度	03709	马克思主义基本原理概论	00342	高级语言程序设计(一)	00318	公共政策

B130503
环境设计(本)	11744	会计制度设计	00893	市场信息学			00908	网络营销与策划	00144	企业管理概论			02275	计算机基础与程序设计	00054	管理学原理
	00259	公证与律师制度	00394	幼儿园课程	00472	比较教育	03008	护理学基础	00895	电子商务概论	00896	电子商务法概论	00186	国际商务谈判	07484	社会保障学
	06088	管理思想史	00312	政治学概论	00540	外国文学史	00890	市场营销学			04729	大学语文	00834	英语翻译	00796	商务英语翻译

B120902
酒店管理(本)	00405	学前儿童家庭教育	00541	语言学概论			03008	护理学基础	00900	网页设计与制作	00054	管理学原理	00469	教育学原理	03201	护理学导论
	00161	财务报表分析(一)	00898	互联网软件应用与开发	04735	数据库系统原理	00260	刑事诉讼法学	03200	预防医学(二)	00152	组织行为学	00245	刑法学	00891	国际贸易实务(三)
			06093	人力资源开发与管理	00537	中国现代文学史	04737	C++程序设计	00600	高级英语	00398	学前教育原理			00319	行政组织理论
	00910	网络经济与企业管理					03006	护理管理学	00159	高级财务会计	04737	C++程序设计	00245	刑法学	00246	国际经济法概论
	04747	Java语言程序设计(一)	00398	学前教育原理	00322	中国行政史	03709	马克思主义基本原理概论	00395	科学·技术·社会	00186	国际商务谈判	00833	外语教学法	00245	刑法学
	00149	国际贸易理论与实务	03002	急救护理学			03708	中国近现代史纲要	02325	计算机系统结构	02318	计算机组成原理			00596	英语阅读(二)
	00412	学前教育科学研究	00387	幼儿园组织与管理	04747	Java语言程序设计(一)	00893	市场信息学	00015	英语(二)	02275	计算机基础与程序设计	00230	合同法	03203	外科护理学(一)

B071102
应用心理学	02197	概率论与数理统计(二)	00257	票据法			03005	护理教育导论			05175	税收筹划	00260	刑事诉讼法学	00597	英语写作基础
	06183	人员素质测评理论与方法	02331	数据结构	03708	中国近现代史纲要	00149	国际贸易理论与实务	00184	市场营销策划	00540	外国文学史	00896	电子商务法概论	00596	英语阅读(二)
	00246	国际经济法概论			00895	电子商务概论	02996	护理伦理学	00182	公共关系学	00185	商品流通概论	00534	外国文学作品选	00531	中国当代文学作品选
	06088	管理思想史	00387	幼儿园组织与管理	00832	英语词汇学	00472	比较教育	11744	会计制度设计	00159	高级财务会计	00233	税法		
	00395	科学·技术·社会	00834	英语翻译	00595	英语阅读(一)	00383	学前儿童发展	00534	外国文学作品选					00245	刑法学
	11744	会计制度设计	00401	学前比较教育	00830	现代语言学			04737	C++程序设计			00257	票据法		
	07484	社会保障学	00258	保险法	02323	操作系统概论	00149	国际贸易理论与实务			00228	环境与资源保护法学			00242	民法学
			00402	学前教育史			00187	零售学	03004	社区护理学(一)	00910	网络经济与企业管理	03002	急救护理学	00533	中国古代文学作品选(二)

B050102
汉语国际教育	00898	互联网软件应用与开发	00312	政治学概论	04735	数据库系统原理	00897	电子商务英语	00908	网络营销与策划	00394	幼儿园课程	04184	线性代数(经管类)	02316	计算机网络原理
	00535	现代汉语	06088	管理思想史			00834	英语翻译	11749	商务管理综合应用	00395	科学·技术·社会	00600	高级英语		
	00900	网页设计与制作	00600	高级英语	00893	市场信息学	00386	学前儿童语言教育	00387	幼儿园组织与管理	00405	学前儿童家庭教育	00243	民事诉讼法学	06092	工作分析
	02325	计算机系统结构	00911	互联网数据库			06088	管理思想史	00600	高级英语	03203	外科护理学(一)	00161	财务报表分析(一)	00228	环境与资源保护法学
	05679	宪法学	00600	高级英语	06090	员工关系管理	00900	网页设计与制作	02331	数据结构	00891	国际贸易实务(三)			00540	外国文学史
			03002	急救护理学			02996	护理伦理学	00518	广告心理学	06089	薪酬管理	06089	薪酬管理	00595	英语阅读(一)
	00259	公证与律师制度	03005	护理教育导论	00247	国际法	00387	幼儿园组织与管理	00796	商务英语翻译	00597	英语写作基础	00395	科学·技术·社会	03200	预防医学(二)

B020101
经济学			00890	市场营销学	00383	学前儿童发展			04737	C++程序设计			00833	外语教学法		
			00051	管理系统中计算机应用	00246	国际经济法概论	04737	C++程序设计	00152	组织行为学	11749	商务管理综合应用	00316	西方政治制度		
			00054	管理学原理					00149	国际贸易理论与实务			00531	中国当代文学作品选		
			03350	社会研究方法	01848	公务员制度	00395	科学·技术·社会	00395	科学·技术·社会	00155	中级财务会计	00604	英美文学选读	00227	公司法
	00230	合同法	02313	电力系统微型计算机继电保护	05680	婚姻家庭法	00896	电子商务法概论	00795	综合英语(二)	00893	市场信息学	00054	管理学原理		
	00263	外国法制史	00262	法律文书写作	00054	管理学原理	00518	广告心理学	11749	商务管理综合应用			00540	外国文学史		

B030503
思想政治教育	00051	管理系统中计算机应用	02998	内科护理学(二)	02197	概率论与数理统计(二)	00261	行政法学	00147	人力资源管理(一)	00394	幼儿园课程			11741	跨文化交际
			00405	学前儿童家庭教育	03001	儿科护理学(二)	00320	领导科学	00533	中国古代文学作品选(二)			00041	基础会计学		
			00402	学前教育史	00412	学前教育科学研究	03202	内科护理学(一)			03003	护理学导论			00541	语言学概论
	00897	电子商务英语			00321	中国文化概论	00895	电子商务概论	00534	外国文学作品选	00541	语言学概论			04735	数据库系统原理
									00387	幼儿园组织与管理	00319	行政组织理论	00242	民法学	03003	护理学导论
	02313	电力系统微型计算机继电保护	00472	比较教育	06183	人员素质测评理论与方法	06091	组织文化	00257	票据法	00469	教育学原理	02331	数据结构	04184	线性代数(经管类)
	06091	组织文化	00794	综合英语(一)	12656	毛泽东思想和中国特色社会主义理论体系概论			00163	管理心理学	00383	学前儿童发展			02197	概率论与数理统计(二)
	00833	外语教学法	03203	外科护理学(一)	00152	组织行为学	00900	网页设计与制作	00182	公共关系学	00910	网络经济与企业管理	02323	操作系统概论	00160	审计学

B040101
教育学	05677	法理学	00257	票据法	00319	行政组织理论			11744	会计制度设计	00159	高级财务会计	03008	护理学基础	00381	学前教育学
	00894	计算机与网络技术基础	00535	现代汉语	00908	网络营销与策划	00381	学前教育学	00153	质量管理(一)			10051	商务交流(二)	00913	电子商务与金融
	00260	刑事诉讼法学	04729	大学语文	00533	中国古代文学作品选(二)	00157	管理会计(一)	00163	管理心理学	03006	护理管理学	00162	会计制度设计		
			00402	学前教育史	03708	中国近现代史纲要	02997	护理学研究	02997	护理学研究	04729	大学语文	00398	学前教育原理		
	03708	中国近现代史纲要	00595	英语阅读(一)	04184	线性代数(经管类)	00156	成本会计	02999	外科护理学(二)	00182	公共关系学	06092	工作分析	00264	中国法律思想史
	06091	组织文化	03000	妇产科护理学(二)	00895	电子商务概论	00157	管理会计(一)	00315	当代中国政治制度	03004	社区护理学(一)			00831	英语语法
			00244	经济法学	03179	生物化学(三)			06091	组织文化	00260	刑事诉讼法学	04737	C++程序设计	00381	学前教育学
	01848	公务员制度	03203	外科护理学(一)	00534	外国文学作品选	00910	网络经济与企业管理	00535	现代汉语	02325	计算机系统结构	00830	现代语言学	03709	马克思主义基本原理概论

B040107
小学教育	00152	组织行为学			02333	软件工程	00597	英语写作基础	03006	护理管理学	00834	英语翻译	05680	婚姻家庭法	00323	西方行政学说史
	03002	急救护理学	00890	市场营销学	00895	电子商务概论	03708	中国近现代史纲要	02318	计算机组成原理	00467	课程与教学论	00182	公共关系学		
	00263	外国法制史	00247	国际法	00161	财务报表分析(一)	03201	护理学导论	00233	税法	00264	中国法律思想史	00156	成本会计		

B050301
新闻学	00895	电子商务概论	02275	计算机基础与程序设计	00896	电子商务法概论	03008	护理学基础	00322	中国行政史			03201	护理学导论	03202	内科护理学(一)
			00832	英语词汇学	11751	中级财务会计	00796	商务英语翻译	00147	人力资源管理(一)			00184	市场营销策划		
			02323	操作系统概论	00258	保险法	00402	学前教育史			00320	领导科学	00144	企业管理概论	00536	古代汉语
	06090	员工关系管理	00537	中国现代文学史	03708	中国近现代史纲要	00247	国际法	11742	商务沟通	00536	古代汉语	00536	古代汉语	04737	C++程序设计
	00534	外国文学作品选	03001	儿科护理学(二)	00386	学前儿童语言教育	00539	中国古代文学史(二)	00228	环境与资源保护法学	00263	外国法制史			02316	计算机网络原理
	00891	国际贸易实务(三)	04737	C++程序设计	00186	国际商务谈判			03006	护理管理学	00316	西方政治制度			03002	急救护理学
	00412	学前教育科学研究			02313	电力系统微型计算机继电保护	00247	国际法	00402	学前教育史	00245	刑法学	03708	中国近现代史纲要	00245	刑法学
			00264	中国法律思想史			00388	学前游戏论					00319	行政组织理论	03708	中国近现代史纲要

B060101
历史学	00539	中国古代文学史(二)	02326	操作系统			00144	企业管理概论	10051	商务交流(二)			00535	现代汉语	07484	社会保障学
	02333	软件工程	00834	英语翻译	00890	市场营销学	00043	经济法概论(财经类)	03201	护理学导论	00246	国际经济法概论	00159	高级财务会计	00249	国际私法
	06092	工作分析	00319	行政组织理论			00228	环境与资源保护法学			00242	民法学	01848	公务员制度	02316	计算机网络原理
	00247	国际法	00596	英语阅读(二)	02996	护理伦理学	02313	电力系统微型计算机继电保护	00506	写作(一)	00466	发展与教育心理学	00381	学前教育学	00596	英语阅读(二)
			00536	古代汉语	00386	学前儿童语言教育	00162	会计制度设计	00383	学前儿童发展	00896	电子商务法概论	11743	基础英语	04737	C++程序设计
	00160	审计学			02325	计算机系统结构	00381	学前教育学			00341	公文写作与处理	00540	外国文学史	00144	企业管理概论
			02318	计算机组成原理	00540	外国文学史	04729	大学语文			02999	外科护理学(二)	00911	互联网数据库	00321	中国文化概论

B070101
数学与应用数学	00890	市场营销学	00321	中国文化概论	00533	中国古代文学作品选(二)	00387	幼儿园组织与管理	00889	经济学(二)	00242	民法学			05678	金融法
	00536	古代汉语					00469	教育学原理			00257	票据法	02325	计算机系统结构	05175	税收筹划
	02313	电力系统微型计算机继电保护	00259	公证与律师制度	02313	电力系统微型计算机继电保护	00015	英语(二)	00395	科学·技术·社会			00541	语言学概论	00604	英美文学选读
	00260	刑事诉讼法学	03200	预防医学(二)	00245	刑法学	03000	妇产科护理学(二)	00472	比较教育	00831	英语语法	02997	护理学研究	00162	会计制度设计
	00261	行政法学			00541	语言学概论	02999	外科护理学(二)	00160	审计学	03708	中国近现代史纲要	02331	数据结构	00316	西方政治制度

B070201
物理学	05175	税收筹划			00518	广告心理学			05678	金融法	00321	中国文化概论	00257	票据法	00322	中国行政史
	01848	公务员制度	02996	护理伦理学	00467	课程与教学论	04735	数据库系统原理	00831	英语语法	11751	中级财务会计	00529	文学概论(一)	00506	写作(一)
	02333	软件工程	02316	计算机网络原理	00600	高级英语	05678	金融法	02331	数据结构	05678	金融法	00832	英语词汇学	02996	护理伦理学
			00260	刑事诉讼法学			00247	国际法	00469	教育学原理	02326	操作系统	00230	合同法	02275	计算机基础与程序设计
			00144	企业管理概论	00895	电子商务概论	00385	学前卫生学	00228	环境与资源保护法学	00600	高级英语	00388	学前游戏论		
	02197	概率论与数理统计(二)	02316	计算机网络原理	00262	法律文书写作	03005	护理教育导论	00261	行政法学			00394	幼儿园课程	03708	中国近现代史纲要

B070301
化学			01848	公务员制度			00312	政治学概论			00894	计算机与网络技术基础	00596	英语阅读(二)	01848	公务员制度
	00518	广告心理学	00263	外国法制史	00156	成本会计			00896	电子商务法概论	00184	市场营销策划	01848	公务员制度	05678	金融法
	00596	英语阅读(二)	02313	电力系统微型计算机继电保护	00243	民事诉讼法学	02998	内科护理学(二)			00910	网络经济与企业管理	00319	行政组织理论	00534	外国文学作品选
			00900	网页设计与制作			00015	英语(二)	00145	生产与作业管理	05175	税收筹划	11741	跨文化交际	00401	学前比较教育
	00147	人力资源管理(一)			00342	高级语言程序设计(一)	03708	中国近现代史纲要	00245	刑法学	00315	当代中国政治制度	03201	护理学导论		
	03008	护理学基础	00245	刑法学	00015	英语(二)	00155	中级财务会计	00537	中国现代文学史	00535	现代汉语	00245	刑法学		
			03179	生物化学(三)	05679	宪法学	00910	网络经济与企业管理	02275	计算机基础与程序设计	00995	商法(二)	06089	薪酬管理	00833	外语教学法

B071001
生物科学	00144	企业管理概论	00830	现代语言学	00600	高级英语	00386	学前儿童语言教育	00538	中国古代文学史(一)	00184	市场营销策划	00342	高级语言程序设计(一)	00163	管理心理学
			05677	法理学	00900	网页设计与制作	00383	学前儿童发展	06088	管理思想史					03200	预防医学(二)
	00538	中国古代文学史(一)			03203	外科护理学(一)	00261	行政法学	00015	英语(二)	00015	英语(二)	00893	市场信息学		
	00540	外国文学史	00533	中国古代文学作品选(二)			00893	市场信息学	00536	古代汉语	02997	护理学研究	00015	英语(二)	00466	发展与教育心理学
			03005	护理教育导论			00469	教育学原理	11742	商务沟通	00395	科学·技术·社会	02331	数据结构		
			11741	跨文化交际			00472	比较教育	00595	英语阅读(一)	00155	中级财务会计	05678	金融法	06089	薪酬管理
			00388	学前游戏论	00506	写作(一)					00247	国际法	00890	市场营销学		
	00388	学前游戏论	06089	薪酬管理	00394	幼儿园课程	05678	金融法	00322	中国行政史			00600	高级英语		

B080601
电气工程及其自动化			02998	内科护理学(二)	00245	刑法学	06183	人员素质测评理论与方法	00187	零售学	00908	网络营销与策划	02275	计算机基础与程序设计	00015	英语(二)
			03202	内科护理学(一)	00383	学前儿童发展	00536	古代汉语			11744	会计制度设计	00412	学前教育科学研究	00911	互联网数据库
			06088	管理思想史			00051	管理系统中计算机应用	02275	计算机基础与程序设计	00185	商品流通概论	06183	人员素质测评理论与方法		

B080701
电子信息工程	00595	英语阅读(一)	02275	计算机基础与程序设计	00889	经济学(二)	00230	合同法	00405	学前儿童家庭教育						
	00228	环境与资源保护法学	00144	企业管理概论	11751	中级财务会计	00342	高级语言程序设计(一)	00895	电子商务概论	00387	幼儿园组织与管理	03708	中国近现代史纲要	04741	计算机网络原理
	00144	企业管理概论	00262	法律文书写作	00529	文学概论(一)	00323	西方行政学说史	02998	内科护理学(二)	00388	学前游戏论			00244	经济法学
			12656	毛泽东思想和中国特色社会主义理论体系概论	00322	中国行政史	00467	课程与教学论	00531	中国当代文学作品选	03350	社会研究方法	03000	妇产科护理学(二)	00794	综合英语(一)
	04741	计算机网络原理	00387	幼儿园组织与管理	00043	经济法概论(财经类)			00261	行政法学	00596	英语阅读(二)	00242	民法学	00387	幼儿园组织与管理
	00263	外国法制史	06089	薪酬管理	02996	护理伦理学	07484	社会保障学	02316	计算机网络原理			03008	护理学基础	11751	中级财务会计
	03203	外科护理学(一)			02324	离散数学			03002	急救护理学	00890	市场营销学			02996	护理伦理学
	05175	税收筹划	00341	公文写作与处理			00595	英语阅读(一)	00385	学前卫生学	00532	中国古代文学作品选(一)	00321	中国文化概论	00147	人力资源管理(一)

B080703
通信工程	05175	税收筹划					02197	概率论与数理统计(二)	00258	保险法	00228	环境与资源保护法学	00834	英语翻译		
	00889	经济学(二)			00834	英语翻译	00152	组织行为学	00405	学前儿童家庭教育	03001	儿科护理学(二)	02998	内科护理学(二)	00144	企业管理概论
			03200	预防医学(二)	02333	软件工程							00897	电子商务英语	11741	跨文化交际
	00262	法律文书写作	02999	外科护理学(二)	00245	刑法学	00342	高级语言程序设计(一)	10051	商务交流(二)	03003	护理学导论	02326	操作系统	06092	工作分析
	00894	计算机与网络技术基础	00529	文学概论(一)	06089	薪酬管理					00908	网络营销与策划			00537	中国现代文学史
	00242	民法学	00895	电子商务概论	00263	外国法制史	00160	审计学	00041	基础会计学	00263	外国法制史	00894	计算机与网络技术基础	00156	成本会计

B080902
软件工程	02996	护理伦理学	03000	妇产科护理学(二)	00466	发展与教育心理学			00187	零售学	06092	工作分析	00258	保险法	00263	外国法制史
	02323	操作系统概论			06088	管理思想史	00532	中国古代文学作品选(一)	00242	民法学	00187	零售学	00321	中国文化概论	00341	公文写作与处理
	04737	C++程序设计	00796	商务英语翻译	01848	公务员制度	00913	电子商务与金融	00149	国际贸易理论与实务	00145	生产与作业管理	00467	课程与教学论	02316	计算机网络原理
	00153	质量管理(一)	00321	中国文化概论	00149	国际贸易理论与实务	02999	外科护理学(二)	03202	内科护理学(一)			02324	离散数学	00412	学前教育科学研究
	02313	电力系统微型计算机继电保护	00394	幼儿园课程	00144	企业管理概论	00319	行政组织理论	02197	概率论与数理统计(二)			00263	外国法制史		
	11741	跨文化交际	00261	行政法学	00160	审计学	00898	互联网软件应用与开发	00244	经济法学	00537	中国现代文学史	00246	国际经济法概论	06093	人力资源开发与管理
	00898	互联网软件应用与开发					00388	学前游戏论	00157	管理会计(一)	00242	民法学			03708	中国近现代史纲要

B080903
网络工程	04737	C++程序设计	02197	概率论与数理统计(二)	00893	市场信息学	00795	综合英语(二)	00041	基础会计学	00395	科学·技术·社会			03202	内科护理学(一)
			00540	外国文学史	03201	护理学导论			00900	网页设计与制作	00385	学前卫生学			00262	法律文书写作
			00386	学前儿童语言教育	06092	工作分析	00891	国际贸易实务(三)	00230	合同法	00597	英语写作基础	00394	幼儿园课程	00540	外国文学史

B081801
交通运输	00911	互联网数据库			00889	经济学(二)	10051	商务交流(二)	02997	护理学研究	00260	刑事诉讼法学	00342	高级语言程序设计(一)		
	00257	票据法	03708	中国近现代史纲要	00893	市场信息学	02996	护理伦理学	00149	国际贸易理论与实务	10051	商务交流(二)	02333	软件工程		
							03004	社区护理学(一)	00402	学前教育史	00162	会计制度设计	00233	税法	00472	比较教育
									00381	学前教育学	00830	现代语言学	00395	科学·技术·社会	04741	计算机网络原理
	00163	管理心理学	02999	外科护理学(二)	02996	护理伦理学	00321	中国文化概论	00264	中国法律思想史	04184	线性代数(经管类)	00540	外国文学史	00898	互联网软件应用与开发
	00259	公证与律师制度	11742	商务沟通	00894	计算机与网络技术基础			11742	商务沟通	00529	文学概论(一)	06092	工作分析	10051	商务交流(二)
	02999	外科护理学(二)	00159	高级财务会计	04729	大学语文	00160	审计学	11743	基础英语	03708	中国近现代史纲要	03709	马克思主义基本原理概论	01848	公务员制度
	00321	中国文化概论			00469	教育学原理					00394	幼儿园课程	11741	跨文化交际		

B082502
环境工程	00540	外国文学史	00245	刑法学	00258	保险法	00386	学前儿童语言教育	00395	科学·技术·社会	00529	文学概论(一)			06093	人力资源开发与管理
	00895	电子商务概论	00889	经济学(二)	11742	商务沟通	00467	课程与教学论			00596	英语阅读(二)	04184	线性代数(经管类)	00316	西方政治制度
					00540	外国文学史	11743	基础英语			00891	国际贸易实务(三)	06088	管理思想史	03000	妇产科护理学(二)
	00228	环境与资源保护法学			00898	互联网软件应用与开发	03005	护理教育导论	02323	操作系统概论	00900	网页设计与制作	00318	公共政策	00795	综合英语(二)
	00889	经济学(二)	00540	外国文学史	11749	商务管理综合应用	00186	国际商务谈判	10051	商务交流(二)	00796	商务英语翻译	00162	会计制度设计	00312	政治学概论
			03708	中国近现代史纲要	11743	基础英语	04741	计算机网络原理			02313	电力系统微型计算机继电保护			03203	外科护理学(一)
	00260	刑事诉讼法学	00834	英语翻译	05677	法理学	05679	宪法学			00015	英语(二)	00595	英语阅读(一)	00342	高级语言程序设计(一)
			00533	中国古代文学作品选(二)	00530	中国现代文学作品选	06183	人员素质测评理论与方法	00322	中国行政史	00147	人力资源管理(一)			00794	综合英语(一)

B082801
建筑学	00043	经济法概论(财经类)	03008	护理学基础			03200	预防医学(二)	00145	生产与作业管理	02316	计算机网络原理	00911	互联网数据库	03201	护理学导论
	00342	高级语言程序设计(一)	00530	中国现代文学作品选			00898	互联网软件应用与开发	00341	公文写作与处理	00891	国际贸易实务(三)	02324	离散数学	00156	成本会计
	03003	护理学导论	11742	商务沟通			03203	外科护理学(一)	00185	商品流通概论					00595	英语阅读(一)
	00540	外国文学史	11741	跨文化交际	00506	写作(一)	00186	国际商务谈判	11742	商务沟通			02997	护理学研究		
	03203	外科护理学(一)	02324	离散数学			00383	学前儿童发展	00795	综合英语(二)			00318	公共政策	03200	预防医学(二)
	00260	刑事诉讼法学	05678	金融法	00896	电子商务法概论			00153	质量管理(一)	00246	国际经济法概论			00469	教育学原理

B083001
生物工程	00402	学前教育史	05680	婚姻家庭法	00242	民法学	00532	中国古代文学作品选(一)	00469	教育学原理	11749	商务管理综合应用	00535	现代汉语	00895	电子商务概论
	00182	公共关系学	00529	文学概论(一)	00405	学前儿童家庭教育			02197	概率论与数理统计(二)	00472	比较教育	00147	人力资源管理(一)	00831	英语语法
	07484	社会保障学	04741	计算机网络原理	00144	企业管理概论	00539	中国古代文学史(二)	11743	基础英语	00247	国际法	00532	中国古代文学作品选(一)	04735	数据库系统原理
	03201	护理学导论			02313	电力系统微型计算机继电保护			00530	中国现代文学作品选	05677	法理学	00531	中国当代文学作品选	00395	科学·技术·社会

B100201K
临床医学	03203	外科护理学(一)	02326	操作系统	00244	经济法学	00228	环境与资源保护法学	00533	中国古代文学作品选(二)	00506	写作(一)	00381	学前教育学	00529	文学概论(一)
	02997	护理学研究	03004	社区护理学(一)			03006	护理管理学	00186	国际商务谈判	00054	管理学原理	04184	线性代数(经管类)		
	00394	幼儿园课程	05678	金融法	00258	保险法	00405	学前儿童家庭教育	04735	数据库系统原理	00152	组织行为学	06091	组织文化	00910	网络经济与企业管理
	00533	中国古代文学作品选(二)	00797	商务英语写作	00398	学前教育原理	00184	市场营销策划			00163	管理心理学	00797	商务英语写作	00381	学前教育学

B100401K
预防医学	03709	马克思主义基本原理概论	00834	英语翻译	02323	操作系统概论	00257	票据法	00247	国际法	02275	计算机基础与程序设计	00900	网页设计与制作	00832	英语词汇学
	00830	现代语言学	00259	公证与律师制度	00595	英语阅读(一)	00184	市场营销策划	00155	中级财务会计	00831	英语语法				
	00537	中国现代文学史	00247	国际法			00895	电子商务概论	00900	网页设计与制作	06088	管理思想史			00155	中级财务会计
	03200	预防医学(二)	00395	科学·技术·社会	00387	幼儿园组织与管理	00894	计算机与网络技术基础	00163	管理心理学	00908	网络营销与策划	00600	高级英语	10051	商务交流(二)

B100801
中药学	00388	学前游戏论	04747	Java语言程序设计(一)			00893	市场信息学	00149	国际贸易理论与实务					03006	护理管理学
	03003	护理学导论	03004	社区护理学(一)	02998	内科护理学(二)	04184	线性代数(经管类)			02333	软件工程			00539	中国古代文学史(二)
	00897	电子商务英语	04729	大学语文	00249	国际私法			00163	管理心理学	00896	电子商务法概论	00312	政治学概论	02275	计算机基础与程序设计

B101001
医学检验技术	00230	合同法	02996	护理伦理学	00145	生产与作业管理	02384	计算机原理	03006	护理管理学	02996	护理伦理学	10051	商务交流(二)	00244	经济法学
	06092	工作分析			00533	中国古代文学作品选(二)							00891	国际贸易实务(三)	00259	公证与律师制度
	00342	高级语言程序设计(一)			00398	学前教育原理	04747	Java语言程序设计(一)	00401	学前比较教育	00834	英语翻译	00260	刑事诉讼法学		

B120102
信息管理与信息系统	00160	审计学	03002	急救护理学	00144	企业管理概论	06183	人员素质测评理论与方法	00506	写作(一)	00249	国际私法	02331	数据结构	00320	领导科学
	02333	软件工程			10051	商务交流(二)	02275	计算机基础与程序设计	02997	护理学研究	00245	刑法学	03002	急救护理学	00149	国际贸易理论与实务
	00405	学前儿童家庭教育	00243	民事诉讼法学	00898	互联网软件应用与开发			00186	国际商务谈判	00161	财务报表分析(一)	00318	公共政策	00322	中国行政史
	06091	组织文化			00540	外国文学史	00321	中国文化概论	02275	计算机基础与程序设计	06093	人力资源开发与管理	00152	组织行为学	00596	英语阅读(二)
	04747	Java语言程序设计(一)			00894	计算机与网络技术基础	00386	学前儿童语言教育	05678	金融法			00323	西方行政学说史	00184	市场营销策划
	00144	企业管理概论	00913	电子商务与金融	02313	电力系统微型计算机继电保护	00230	合同法	02313	电力系统微型计算机继电保护			04184	线性代数(经管类)	00243	民事诉讼法学
	02384	计算机原理	02316	计算机网络原理	00258	保险法			00054	管理学原理	04741	计算机网络原理	00395	科学·技术·社会	02998	内科护理学(二)
	03709	马克思主义基本原理概论	02998	内科护理学(二)	03200	预防医学(二)			03005	护理教育导论	04184	线性代数(经管类)	00319	行政组织理论	00531	中国当代文学作品选

B120202
市场营销	00185	商品流通概论	00910	网络经济与企业管理	00316	西方政治制度	02316	计算机网络原理	00315	当代中国政治制度			00891	国际贸易实务(三)	00597	英语写作基础
	00015	英语(二)	00540	外国文学史	00830	现代语言学	00156	成本会计			02313	电力系统微型计算机继电保护			00604	英美文学选读
	00316	西方政治制度			06089	薪酬管理			03002	急救护理学	00147	人力资源管理(一)			00156	成本会计
	02323	操作系统概论	10051	商务交流(二)	02318	计算机组成原理	00401	学前比较教育	00506	写作(一)	00319	行政组织理论	00908	网络营销与策划	00243	民事诉讼法学
	00467	课程与教学论	00323	西方行政学说史	02997	护理学研究			00147	人力资源管理(一)	02316	计算机网络原理	02324	离散数学		
	00152	组织行为学	00247	国际法	00898	互联网软件应用与开发	00233	税法	02313	电力系统微型计算机继电保护	02275	计算机基础与程序设计	00388	学前游戏论	04183	概率论与数理统计(经管类)
	00228	环境与资源保护法学			00015	英语(二)	00263	外国法制史	00041	基础会计学			02999	外科护理学(二)	00159	高级财务会计
	03709	马克思主义基本原理概论			00321	中国文化概论	00227	公司法	00394	幼儿园课程			00243	民事诉讼法学	05175	税收筹划

B120203K
会计学(本)			00149	国际贸易理论与实务					00385	学前卫生学	00155	中级财务会计			00315	当代中国政治制度
	00529	文学概论(一)	00184	市场营销策划	03003	护理学导论			03179	生物化学(三)	02998	内科护理学(二)	03006	护理管理学		
	11744	会计制度设计	00395	科学·技术·社会	02318	计算机组成原理			02333	软件工程			00797	商务英语写作		
	00383	学前儿童发展	05678	金融法	00466	发展与教育心理学	05679	宪法学	00246	国际经济法概论	00896	电子商务法概论			00187	零售学
			00230	合同法	02197	概率论与数理统计(二)	02324	离散数学	00596	英语阅读(二)	05678	金融法	00152	组织行为学	02996	护理伦理学
	00184	市场营销策划	00162	会计制度设计	03201	护理学导论	06092	工作分析	00534	外国文学作品选	00246	国际经济法概论			11744	会计制度设计

B120205
国际商务	02197	概率论与数理统计(二)	03006	护理管理学	03203	外科护理学(一)	00153	质量管理(一)	00381	学前教育学	00043	经济法概论(财经类)	00243	民事诉讼法学	00405	学前儿童家庭教育
	03000	妇产科护理学(二)	00341	公文写作与处理	00466	发展与教育心理学	00259	公证与律师制度	00896	电子商务法概论	00910	网络经济与企业管理	00145	生产与作业管理	02996	护理伦理学
	00910	网络经济与企业管理			00467	课程与教学论	00537	中国现代文学史	00152	组织行为学	02275	计算机基础与程序设计	00145	生产与作业管理		
					00246	国际经济法概论			03000	妇产科护理学(二)	00911	互联网数据库	00041	基础会计学	00472	比较教育
	02326	操作系统	02326	操作系统			00908	网络营销与策划	00402	学前教育史	07484	社会保障学	02325	计算机系统结构	00152	组织行为学

B120701
工业工程	00321	中国文化概论	03708	中国近现代史纲要	00891	国际贸易实务(三)	03008	护理学基础	00041	基础会计学	00323	西方行政学说史	00895	电子商务概论	03179	生物化学(三)
	00796	商务英语翻译	00910	网络经济与企业管理	02316	计算机网络原理			00247	国际法	00541	语言学概论	06088	管理思想史	00466	发展与教育心理学
	11751	中级财务会计	10051	商务交流(二)			02324	离散数学			00262	法律文书写作	04183	概率论与数理统计(经管类)	00834	英语翻译
	00531	中国当代文学作品选	00895	电子商务概论	00889	经济学(二)	06090	员工关系管理	00831	英语语法			00145	生产与作业管理	10051	商务交流(二)
			00900	网页设计与制作	00247	国际法	00051	管理系统中计算机应用	00233	税法			07484	社会保障学	00246	国际经济法概论

B120901K
旅游管理	02318	计算机组成原理	00540	外国文学史	00539	中国古代文学史(二)	00230	合同法	00529	文学概论(一)	11742	商务沟通			05678	金融法
			00381	学前教育学	00596	英语阅读(二)	00595	英语阅读(一)	06091	组织文化			00320	领导科学	00342	高级语言程序设计(一)
	00890	市场营销学			05679	宪法学	00182	公共关系学	00187	零售学	00153	质量管理(一)	06183	人员素质测评理论与方法	00321	中国文化概论
	04735	数据库系统原理	04183	概率论与数理统计(经管类)	00261	行政法学	00600	高级英语	00832	英语词汇学	04184	线性代数(经管类)	00144	企业管理概论		

B130201
音乐表演	00227	公司法	05175	税收筹划	00797	商务英语写作	00259	公证与律师制度	00600	高级英语	00316	西方政治制度	00159	高级财务会计	00529	文学概论(一)
	11744	会计制度设计	00259	公证与律师制度	00540	外国文学史	11742	商务沟通	00316	西方政治制度	04737	C++程序设计	00015	英语(二)	00260	刑事诉讼法学
	00319	行政组织理论	00320	领导科学	00152	组织行为学	12656	毛泽东思想和中国特色社会主义理论体系概论	00467	课程与教学论			00015	英语(二)	04741	计算机网络原理

B130301
表演	00152	组织行为学	00895	电子商务概论	06093	人力资源开发与管理	00257	票据法	00242	民法学	00537	中国现代文学史			02318	计算机组成原理
	02998	内科护理学(二)	00182	公共关系学	00604	英美文学选读	03006	护理管理学	00402	学前教育史	00896	电子商务法概论			00897	电子商务英语
	00908	网络营销与策划	00531	中国当代文学作品选	00157	管理会计(一)	00466	发展与教育心理学			02333	软件工程	00995	商法(二)	00890	市场营销学
	00054	管理学原理			00322	中国行政史	00595	英语阅读(一)	00541	语言学概论	04729	大学语文	00412	学前教育科学研究		
	12656	毛泽东思想和中国特色社会主义理论体系概论	00604	英美文学选读	03201	护理学导论	11742	商务沟通	00163	管理心理学	00833	外语教学法			00908	网络营销与策划
			00911	互联网数据库	05678	金融法	02318	计算机组成原理	00381	学前教育学	00518	广告心理学	00243	民事诉讼法学		

B130401
美术学	06093	人力资源开发与管理	00797	商务英语写作	00318	公共政策	00535	现代汉语	11741	跨文化交际			00900	网页设计与制作		
			00595	英语阅读(一)	05175	税收筹划			00322	中国行政史	00890	市场营销学	03005	护理教育导论	00385	学前卫生学
	06183	人员素质测评理论与方法	00467	课程与教学论	00518	广告心理学	00894	计算机与网络技术基础	00596	英语阅读(二)	00893	市场信息学	00595	英语阅读(一)		
	00228	环境与资源保护法学	00388	学前游戏论	00321	中国文化概论			00832	英语词汇学	03002	急救护理学			00897	电子商务英语
	00896	电子商务法概论	00596	英语阅读(二)	03006	护理管理学			00832	英语词汇学	11751	中级财务会计	02275	计算机基础与程序设计	02384	计算机原理

B130503
产品设计	00249	国际私法	00257	票据法	00797	商务英语写作					00320	领导科学			04747	Java语言程序设计(一)
	00536	古代汉语	00184	市场营销策划	06092	工作分析	00831	英语语法	00152	组织行为学	00051	管理系统中计算机应用				
			00043	经济法概论(财经类)	00604	英美文学选读	00247	国际法	00147	人力资源管理(一)	02325	计算机系统结构	00472	比较教育	00149	国际贸易理论与实务

B130504
服装与服饰设计	00832	英语词汇学	00412	学前教育科学研究	00160	审计学	04741	计算机网络原理					00051	管理系统中计算机应用	05677	法理学
			00796	商务英语翻译	06091	组织文化	00541	语言学概论	00144	企业管理概论	00341	公文写作与处理	00160	审计学		
	00242	民法学	00595	英语阅读(一)	00186	国际商务谈判	00895	电子商务概论	00597	英语写作基础	00596	英语阅读(二)	00535	现代汉语	00182	公共关系学
					00160	审计学	11749	商务管理综合应用	02333	软件工程			00155	中级财务会计	02316	计算机网络原理
	03708	中国近现代史纲要	02333	软件工程			00233	税法	02316	计算机网络原理	03201	护理学导论	04741	计算机网络原理		
			11749	商务管理综合应用	00532	中国古代文学作品选(一)	00394	幼儿园课程	00398	学前教育原理	00383	学前儿童发展	00152	组织行为学	00015	英语(二)
			00537	中国现代文学史	03006	护理管理学	11751	中级财务会计	06091	组织文化	00015	英语(二)	06091	组织文化	00230	合同法
	00894	计算机与网络技术基础	12656	毛泽东思想和中国特色社会主义理论体系概论	00243	民事诉讼法学	00469	教育学原理	00833	外语教学法	00891	国际贸易实务(三)	02324	离散数学		

B130508
数字媒体艺术	04184	线性代数(经管类)	00910	网络经济与企业管理			00185	商品流通概论			00144	企业管理概论				
			00185	商品流通概论	00832	英语词汇学	06089	薪酬管理	00897	电子商务英语	00469	教育学原理	04741	计算机网络原理	10051	商务交流(二)
			00161	财务报表分析(一)	00153	质量管理(一)	06090	员工关系管理	02313	电力系统微型计算机继电保护	00913	电子商务与金融	00506	写作(一)	00323	西方行政学说史
	02997	护理学研究	02331	数据结构	00469	教育学原理	00911	互联网数据库					00596	英语阅读(二)	03708	中国近现代史纲要
	00538	中国古代文学史(一)	00891	国际贸易实务(三)	00319	行政组织理论			00597	英语写作基础	00015	英语(二)	00257	票据法	00386	学前儿童语言教育
			00539	中国古代文学史(二)			07484	社会保障学	00412	学前教育科学研究						
	00323	西方行政学说史	00831	英语语法			00054	管理学原理	00257	票据法	00227	公司法			00152	组织行为学

B050207
日语			02318	计算机组成原理			03000	妇产科护理学(二)	00898	互联网软件应用与开发	03350	社会研究方法	00258	保险法	00833	外语教学法
	00184	市场营销策划			00467	课程与教学论			00537	中国现代文学史	02333	软件工程	00159	高级财务会计		
	00796	商务英语翻译			03709	马克思主义基本原理概论	03002	急救护理学	00388	学前游戏论	00891	国际贸易实务(三)	00162	会计制度设计	03004	社区护理学(一)
	11744	会计制度设计	00595	英语阅读(一)	00466	发展与教育心理学	03200	预防医学(二)	00595	英语阅读(一)	00506	写作(一)	00469	教育学原理	03202	内科护理学(一)

B050261
翻译	00894	计算机与网络技术基础	04737	C++程序设计	00467	课程与教学论	00342	高级语言程序设计(一)	00595	英语阅读(一)	00535	现代汉语	01848	公务员制度	02384	计算机原理
	03708	中国近现代史纲要	00911	互联网数据库			03000	妇产科护理学(二)			00233	税法	00320	领导科学		
	00401	学前比较教育	06089	薪酬管理	00908	网络营销与策划	00518	广告心理学	11751	中级财务会计			06089	薪酬管理	02998	内科护理学(二)
	03008	护理学基础	00533	中国古代文学作品选(二)	00830	现代语言学	11743	基础英语	00535	现代汉语	00890	市场营销学	00187	零售学	05680	婚姻家庭法
	00536	古代汉语	00995	商法(二)	03005	护理教育导论	00041	基础会计学	00242	民法学	00259	公证与律师制度	02318	计算机组成原理	11751	中级财务会计
	00831	英语语法	00319	行政组织理论	00383	学前儿童发展	00262	法律文书写作	00312	政治学概论	05175	税收筹划	00155	中级财务会计	00830	现代语言学

B030302
社会学	03350	社会研究方法	00385	学前卫生学	00894	计算机与网络技术基础	00244	经济法学	00386	学前儿童语言教育	00321	中国文化概论	00246	国际经济法概论	02324	离散数学
	00182	公共关系学	05677	法理学	11751	中级财务会计			00249	国际私法	03008	护理学基础	11741	跨文化交际	11741	跨文化交际
	10051	商务交流(二)	00156	成本会计			00832	英语词汇学					00054	管理学原理	00186	国际商务谈判
	02996	护理伦理学	00258	保险法	00913	电子商务与金融			00540	外国文学史	00467	课程与教学论	00472	比较教育		
	00506	写作(一)	05677	法理学			05680	婚姻家庭法	00532	中国古代文学作品选(一)	00472	比较教育	11749	商务管理综合应用	00161	财务报表分析(一)

B120103
工程管理	02323	操作系统概论	07484	社会保障学	02384	计算机原理	00163	管理心理学			06090	员工关系管理	06089	薪酬管理	03708	中国近现代史纲要
	00534	外国文学作品选	02326	操作系统	00534	外国文学作品选	00152	组织行为学			00796	商务英语翻译	00316	西方政治制度	03201	护理学导论
					05680	婚姻家庭法	04735	数据库系统原理	00394	幼儿园课程					00529	文学概论(一)
	00156	成本会计	04729	大学语文	02384	计算机原理	00913	电子商务与金融	00534	外国文学作品选	00149	国际贸易理论与实务	00041	基础会计学	00889	经济学(二)
	00834	英语翻译	11741	跨文化交际	00261	行政法学	06089	薪酬管理	06089	薪酬管理	03200	预防医学(二)			00466	发展与教育心理学
	02318	计算机组成原理	04184	线性代数(经管类)	00412	学前教育科学研究			06088	管理思想史	04741	计算机网络原理	03000	妇产科护理学(二)	00541	语言学概论
	02325	计算机系统结构	00051	管理系统中计算机应用	00911	互联网数据库	03203	外科护理学(一)	02316	计算机网络原理	00386	学前儿童语言教育	00015	英语(二)		
	00897	电子商务英语	00051	管理系统中计算机应用	06183	人员素质测评理论与方法			00144	企业管理概论			06088	管理思想史		

B120105
工程造价	00320	领导科学			00889	经济学(二)	02331	数据结构	00242	民法学	02331	数据结构	00506	写作(一)	00795	综合英语(二)
	04735	数据库系统原理	00381	学前教育学	00537	中国现代文学史	00341	公文写作与处理	00149	国际贸易理论与实务	03008	护理学基础	06092	工作分析		
	04737	C++程序设计	00323	西方行政学说史	03200	预防医学(二)	04741	计算机网络原理	00257	票据法	00155	中级财务会计	00385	学前卫生学		
	00147	人力资源管理(一)	03006	护理管理学	00894	计算机与网络技术基础	10051	商务交流(二)			03003	护理学导论	00518	广告心理学	02325	计算机系统结构
	00147	人力资源管理(一)	05679	宪法学	00230	合同法	00532	中国古代文学作品选(一)	00322	中国行政史	11741	跨文化交际	00534	外国文学作品选	04737	C++程序设计
	00469	教育学原理	00187	零售学			00318	公共政策	00534	外国文学作品选	00533	中国古代文学作品选(二)	02325	计算机系统结构		

B120404
土地资源管理			00233	税法	03708	中国近现代史纲要	03203	外科护理学(一)	06088	管理思想史	00890	市场营销学	05175	税收筹划	00394	幼儿园课程
	02313	电力系统微型计算机继电保护			03003	护理学导论	00910	网络经济与企业管理	00263	外国法制史	02326	操作系统	04729	大学语文	00249	国际私法
			00228	环境与资源保护法学	00540	外国文学史	00894	计算机与网络技术基础	00890	市场营销学					00051	管理系统中计算机应用
	00152	组织行为学			00595	英语阅读(一)	00342	高级语言程序设计(一)	00534	外国文学作品选	05677	法理学			00263	外国法制史
	00889	经济学(二)	00043	经济法概论(财经类)	00894	计算机与网络技术基础	00249	国际私法					00897	电子商务英语	00160	审计学

B120403
劳动与社会保障			04184	线性代数(经管类)	00595	英语阅读(一)	00260	刑事诉讼法学	00187	零售学	00323	西方行政学说史	03709	马克思主义基本原理概论	00185	商品流通概论
	02999	外科护理学(二)	00833	外语教学法			04183	概率论与数理统计(经管类)	00506	写作(一)	03179	生物化学(三)	02999	外科护理学(二)	00534	外国文学作品选
	04747	Java语言程序设计(一)	00161	财务报表分析(一)	02313	电力系统微型计算机继电保护	00054	管理学原理	00538	中国古代文学史(一)	00387	幼儿园组织与管理	00534	外国文学作品选		

B030102T
知识产权	00995	商法(二)	03708	中国近现代史纲要	11751	中级财务会计	03006	护理管理学	00386	学前儿童语言教育			00395	科学·技术·社会	03008	护理学基础
	11744	会计制度设计	00227	公司法			00532	中国古代文学作品选(一)	00043	经济法概论(财经类)			06088	管理思想史	00797	商务英语写作
	03000	妇产科护理学(二)	03008	护理学基础	03179	生物化学(三)			04183	概率论与数理统计(经管类)	05175	税收筹划	03001	儿科护理学(二)	02197	概率论与数理统计(二)
	00402	学前教育史	03709	马克思主义基本原理概论	00263	外国法制史	02384	计算机原理	00533	中国古代文学作品选(二)	00913	电子商务与金融	00472	比较教育	00600	高级英语

B030301
监狱学	11751	中级财务会计			00896	电子商务法概论	00043	经济法概论(财经类)	02996	护理伦理学	00051	管理系统中计算机应用	00796	商务英语翻译	03709	马克思主义基本原理概论
	00319	行政组织理论	11751	中级财务会计	02996	护理伦理学	03200	预防医学(二)	00187	零售学	00051	管理系统中计算机应用	01848	公务员制度	00041	基础会计学
	00015	英语(二)	00184	市场营销策划	04735	数据库系统原理	03350	社会研究方法					06093	人力资源开发与管理	00182	公共关系学
	00467	课程与教学论	06090	员工关系管理	00260	刑事诉讼法学	06090	员工关系管理	03708	中国近现代史纲要	03202	内科护理学(一)	10051	商务交流(二)		
							00469	教育学原理			02996	护理伦理学	00466	发展与教育心理学	00466	发展与教育心理学

B050304
传播学			06090	员工关系管理	00541	语言学概论			00540	外国文学史	00530	中国现代文学作品选			00259	公证与律师制度
	00312	政治学概论			00394	幼儿园课程	06091	组织文化	00227	公司法	03001	儿科护理学(二)	03200	预防医学(二)	00381	学前教育学
	00243	民事诉讼法学	00387	幼儿园组织与管理	00889	经济学(二)	00152	组织行为学	05678	金融法	00797	商务英语写作	05680	婚姻家庭法	05679	宪法学
			00156	成本会计	04729	大学语文	00242	民法学	00472	比较教育	02331	数据结构	00894	计算机与网络技术基础	02997	护理学研究
	03201	护理学导论	00258	保险法	12656	毛泽东思想和中国特色社会主义理论体系概论	02316	计算机网络原理	05680	婚姻家庭法	11741	跨文化交际	00153	质量管理(一)	00043	经济法概论(财经类)
			00162	会计制度设计	00162	会计制度设计			00230	合同法	01848	公务员制度	03200	预防医学(二)		

B100301K
口腔医学									00318	公共政策	01848	公务员制度			00796	商务英语翻译
	00402	学前教育史	03200	预防医学(二)	00249	国际私法	02326	操作系统	00534	外国文学作品选	00401	学前比较教育	06091	组织文化	00161	财务报表分析(一)
	06090	员工关系管理			06183	人员素质测评理论与方法	00894	计算机与网络技术基础	00402	学前教育史	06090	员工关系管理			03350	社会研究方法
	00185	商品流通概论	00244	经济法学	03708	中国近现代史纲要	00472	比较教育	06093	人力资源开发与管理	00262	法律文书写作	00405	学前儿童家庭教育	03004	社区护理学(一)
	04183	概率论与数理统计(经管类)	00185	商品流通概论	00145	生产与作业管理			00054	管理学原理	00891	国际贸易实务(三)	00315	当代中国政治制度	00466	发展与教育心理学

B100501K
中医学	03708	中国近现代史纲要	00831	英语语法	11751	中级财务会计	00184	市场营销策划	10051	商务交流(二)	05679	宪法学	00532	中国古代文学作品选(一)	00896	电子商务法概论
	02384	计算机原理	02275	计算机基础与程序设计	06090	员工关系管理	10051	商务交流(二)	00534	外国文学作品选	03003	护理学导论	02999	外科护理学(二)	00895	电子商务概论
	03001	儿科护理学(二)			00537	中国现代文学史	00830	现代语言学	00402	学前教育史	00156	成本会计	00051	管理系统中计算机应用	01848	公务员制度
			11744	会计制度设计	00890	市场营销学	00312	政治学概论	00534	外国文学作品选	00534	外国文学作品选	00153	质量管理(一)	00149	国际贸易理论与实务

B100901K
法医学	00388	学前游戏论			00832	英语词汇学	04183	概率论与数理统计(经管类)	00401	学前比较教育	06090	员工关系管理	00249	国际私法	00895	电子商务概论
	00152	组织行为学	00257	票据法	00160	审计学	00247	国际法	00187	零售学			00405	学前儿童家庭教育	00162	会计制度设计
	02197	概率论与数理统计(二)	00890	市场营销学	00186	国际商务谈判	03008	护理学基础	00595	英语阅读(一)	00891	国际贸易实务(三)	00388	学前游戏论		
			06091	组织文化	00833	外语教学法	03708	中国近现代史纲要	00163	管理心理学	05677	法理学	00891	国际贸易实务(三)		
	00910	网络经济与企业管理	00387	幼儿园组织与管理			00795	综合英语(二)	03202	内科护理学(一)	00506	写作(一)	00145	生产与作业管理	00534	外国文学作品选

B101102
助产学	03203	外科护理学(一)	06092	工作分析			00537	中国现代文学史			03001	儿科护理学(二)	00153	质量管理(一)	00155	中级财务会计
	00319	行政组织理论			00243	民事诉讼法学	00604	英美文学选读	03203	外科护理学(一)			00160	审计学	02316	计算机网络原理
	00405	学前儿童家庭教育	03000	妇产科护理学(二)			00834	英语翻译	00831	英语语法	00386	学前儿童语言教育			03708	中国近现代史纲要
					00890	市场营销学	00531	中国当代文学作品选	00319	行政组织理论	00506	写作(一)	00054	管理学原理	00395	科学·技术·社会

B040201
体育教育	06092	工作分析	00161	财务报表分析(一)			00156	成本会计			00895	电子商务概论	03005	护理教育导论	00900	网页设计与制作
	00264	中国法律思想史	00054	管理学原理			00897	电子商务英语					00054	管理学原理	00156	成本会计
	00152	组织行为学	00383	学前儿童发展	00246	国际经济法概论	03002	急救护理学	00383	学前儿童发展					00262	法律文书写作
	00534	外国文学作品选			00246	国际经济法概论	00534	外国文学作品选					00258	保险法	00182	公共关系学
	00797	商务英语写作	03201	护理学导论	00911	互联网数据库			00911	互联网数据库	00538	中国古代文学史(一)			00186	国际商务谈判

B040203
社会体育指导与管理	00157	管理会计(一)	00233	税法	03201	护理学导论	12656	毛泽东思想和中国特色社会主义理论体系概论	00395	科学·技术·社会	00149	国际贸易理论与实务	00467	课程与教学论	00257	票据法
			02323	操作系统概论	00388	学前游戏论	02275	计算机基础与程序设计	11749	商务管理综合应用	00316	西方政治制度	00535	现代汉语	00187	零售学
	00162	会计制度设计	00318	公共政策	02998	内科护理学(二)	00041	基础会计学	00316	西方政治制度			03708	中国近现代史纲要		

B120204
审计学	03709	马克思主义基本原理概论	00185	商品流通概论	00144	企业管理概论			05677	法理学	00187	零售学	03202	内科护理学(一)	06088	管理思想史
	03008	护理学基础	12656	毛泽东思想和中国特色社会主义理论体系概论	02384	计算机原理	02997	护理学研究	00893	市场信息学	00405	学前儿童家庭教育	00152	组织行为学		
	00387	幼儿园组织与管理	03201	护理学导论	00054	管理学原理	00795	综合英语(二)	00910	网络经济与企业管理					00831	英语语法
			00186	国际商务谈判	00161	财务报表分析(一)	00312	政治学概论	03708	中国近现代史纲要	11751	中级财务会计	03201	护理学导论	05677	法理学
	10051	商务交流(二)	00535	现代汉语	00263	外国法制史	03001	儿科护理学(二)	06091	组织文化			06183	人员素质测评理论与方法	00386	学前儿童语言教育
	00831	英语语法	06093	人力资源开发与管理	00015	英语(二)	00263	外国法制史					00402	学前教育史	06088	管理思想史
	00386	学前儿童语言教育	00596	英语阅读(二)	03005	护理教育导论	02333	软件工程			00597	英语写作基础	00830	现代语言学	00600	高级英语

B020102
经济统计学	00257	票据法			00467	课程与教学论	00246	国际经济法概论			05680	婚姻家庭法	00228	环境与资源保护法学	00264	中国法律思想史
	00264	中国法律思想史	00531	中国当代文学作品选	00162	会计制度设计	00532	中国古代文学作品选(一)	00518	广告心理学	00228	环境与资源保护法学			05679	宪法学
	00247	国际法	03000	妇产科护理学(二)			03179	生物化学(三)			00233	税法	00312	政治学概论	00401	学前比较教育
					02996	护理伦理学	00315	当代中国政治制度	00913	电子商务与金融	00228	环境与资源保护法学	00795	综合英语(二)	02316	计算机网络原理

B020303
保险学	03008	护理学基础	00152	组织行为学	00245	刑法学	00051	管理系统中计算机应用	02998	内科护理学(二)	11743	基础英语			11743	基础英语
	00257	票据法	00387	幼儿园组织与管理	02998	内科护理学(二)	00541	语言学概论	00405	学前儿童家庭教育	00319	行政组织理论	00162	会计制度设计	00796	商务英语翻译
	00405	学前儿童家庭教育	02197	概率论与数理统计(二)	00257	票据法	04741	计算机网络原理			00041	基础会计学	00536	古代汉语	00157	管理会计(一)
			02316	计算机网络原理	03200	预防医学(二)	00535	现代汉语	02331	数据结构	00395	科学·技术·社会			06089	薪酬管理

B020304
投资学	03708	中国近现代史纲要	00145	生产与作业管理			00051	管理系统中计算机应用	12656	毛泽东思想和中国特色社会主义理论体系概论			00054	管理学原理		
			00466	发展与教育心理学	00247	国际法	03203	外科护理学(一)	00891	国际贸易实务(三)	00149	国际贸易理论与实务	01848	公务员制度	00149	国际贸易理论与实务
	00910	网络经济与企业管理	00538	中国古代文学史(一)	05677	法理学	00261	行政法学	00156	成本会计	00387	幼儿园组织与管理	00541	语言学概论	00156	成本会计
	00144	企业管理概论			03008	护理学基础	00260	刑事诉讼法学	00538	中国古代文学史(一)	00259	公证与律师制度	00385	学前卫生学	07484	社会保障学
			00319	行政组织理论			04741	计算机网络原理	00184	市场营销策划	03709	马克思主义基本原理概论			04747	Java语言程序设计(一)
	00412	学前教育科学研究					01848	公务员制度			00797	商务英语写作	00184	市场营销策划	00153	质量管理(一)
	00054	管理学原理	00466	发展与教育心理学	06089	薪酬管理	12656	毛泽东思想和中国特色社会主义理论体系概论	00342	高级语言程序设计(一)	00402	学前教育史	00469	教育学原理	00469	教育学原理

B020305T
金融数学	00320	领导科学	00161	财务报表分析(一)	02997	护理学研究	00536	古代汉语	00540	外国文学史	00320	领导科学	00257	票据法	07484	社会保障学
	05678	金融法	02313	电力系统微型计算机继电保护	00466	发展与教育心理学	00259	公证与律师制度			00908	网络营销与策划			03005	护理教育导论
					00538	中国古代文学史(一)	00264	中国法律思想史	00261	行政法学	03179	生物化学(三)	00402	学前教育史	00144	企业管理概论
	00385	学前卫生学	00233	税法	03200	预防医学(二)							04735	数据库系统原理	00388	学前游戏论
	00833	外语教学法	00312	政治学概论	00796	商务英语翻译	00260	刑事诉讼法学			00247	国际法	05679	宪法学	00322	中国行政史
	00187	零售学	00316	西方政治制度	05680	婚姻家庭法			05679	宪法学	00385	学前卫生学			00532	中国古代文学作品选(一)
	00149	国际贸易理论与实务	00015	英语(二)	02318	计算机组成原理			00230	合同法	00398	学前教育原理			00895	电子商务概论

B120206
资产评估			00795	综合英语(二)			06089	薪酬管理			04184	线性代数(经管类)	00244	经济法学	00041	基础会计学
	00157	管理会计(一)	04737	C++程序设计	00319	行政组织理论	00387	幼儿园组织与管理	00149	国际贸易理论与实务	00383	学前儿童发展	11741	跨文化交际	05175	税收筹划
	02326	操作系统			04729	大学语文					03202	内科护理学(一)	02998	内科护理学(二)		

B120208
物业管理	05680	婚姻家庭法			04729	大学语文	00536	古代汉语	00402	学前教育史	06089	薪酬管理	00147	人力资源管理(一)	00535	现代汉语
	05677	法理学	00913	电子商务与金融					02316	计算机网络原理	06183	人员素质测评理论与方法	00054	管理学原理	00187	零售学
			00320	领导科学	00383	学前儿童发展			00185	商品流通概论					06090	员工关系管理
	11749	商务管理综合应用			00320	领导科学			00242	民法学			00145	生产与作业管理	03003	护理学导论
	03708	中国近现代史纲要	03708	中国近现代史纲要	00246	国际经济法概论	00145	生产与作业管理	02323	操作系统概论	00257	票据法	00518	广告心理学	05677	法理学
	00321	中国文化概论	07484	社会保障学			00529	文学概论(一)	11744	会计制度设计	00469	教育学原理	03709	马克思主义基本原理概论	11741	跨文化交际
	00532	中国古代文学作品选(一)	04737	C++程序设计	03000	妇产科护理学(二)	00320	领导科学	06093	人力资源开发与管理	03202	内科护理学(一)	00161	财务报表分析(一)	00228	环境与资源保护法学
	00890	市场营销学	05677	法理学	00893	市场信息学	00246	国际经济法概论	00908	网络营销与策划			00604	英美文学选读	02323	操作系统概论

B120210
文化产业管理	00259	公证与律师制度			12656	毛泽东思想和中国特色社会主义理论体系概论	00233	税法	11741	跨文化交际	02333	软件工程	03000	妇产科护理学(二)	00534	外国文学作品选
	03004	社区护理学(一)			00889	经济学(二)	11749	商务管理综合应用	03709	马克思主义基本原理概论	00898	互联网软件应用与开发	00386	学前儿童语言教育	00247	国际法
	03000	妇产科护理学(二)	00897	电子商务英语			03006	护理管理学	00385	学前卫生学	02313	电力系统微型计算机继电保护	00161	财务报表分析(一)	00398	学前教育原理
	00908	网络营销与策划	00832	英语词汇学	02997	护理学研究	04737	C++程序设计			00041	基础会计学	00015	英语(二)	00249	国际私法
	00247	国际法	03006	护理管理学	00184	市场营销策划	02324	离散数学					00894	计算机与网络技术基础	00230	合同法
